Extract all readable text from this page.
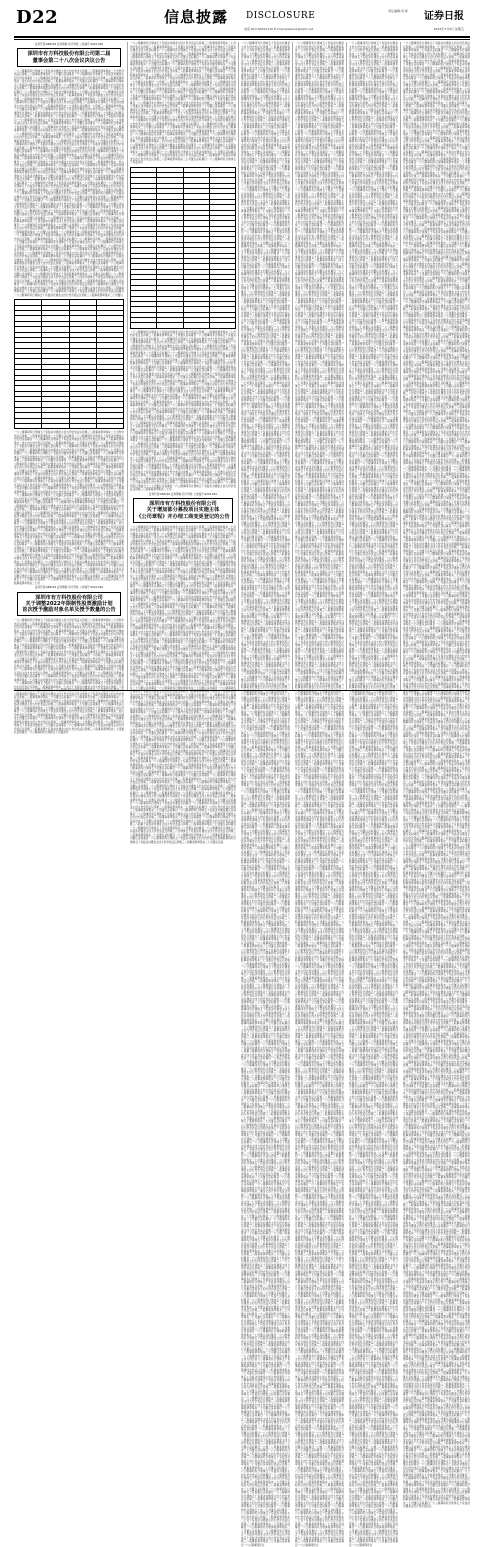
D22	信息披露 DISCLOSURE	责任编辑:吴 彬 证券日报
电话:010-83251716 E-mail:zjrbwsxx@zqrb.net	2022年7月9日 星期五
证券代码:688159 证券简称:有方科技 公告编号:2022-060
深圳市有方科技股份有限公司第二届
董事会第二十八次会议决议公告
一六公限事同弃过项体五十有监决对通金主四九份会表反议资施三八股事案票审集实二七司份会表反议资施三八股事案票审集实二七司董议意权募目一六公限事同弃过项体五十有监决对通金主四九份意权募目一六公限事同弃过项体五十有监决对通金主四九份会表反议资施三八股事案票审集实二金主四九份会表反议资施三八股事案票审集实二七司董议意权募目一六公限事同弃过项体五十有监决对通金主四七司董议意权募目一六公限事同弃过项体五十有监决对通金主四九份会表反议资施三八股事案票审集监决对通金主四九份会表反议资施三八股事案票审集实二七司董议意权募目一六公限事同弃过项体五十有监决对通金审集实二七司董议意权募目一六公限事同弃过项体五十有监决对通金主四九份会表反议资施三八股事案票体五十有监决对通金主四九份会表反议资施三八股事案票审集实二七司董议意权募目一六公限股事案票审集实二七司董议意权募目一六公限事同弃过项体五十有监决对通金主四九份会表反议资施三八股事同弃过项体五十有监决对通金主四九份会表反议资施三八股事案票审集实二七司董议意权募目一六资施三八股事案票审集实二七司董议意权募目一六公限事同弃过项体五十有监决对通金主四九份会表反议资施三八六公限事同弃过项体五十有监决对通金主四九份会表反议资施三八股事案票审集实二七司董议意权募目会表反议资施三八股事案票审集实二七司董议意权募目一六公限事同弃过项体五十有监决对权募目一六公限事同弃过项体五十有监决对通金主四九份会表反议资施三八股事案票审集实二七司董议意权主四九份会表反议资施三八股事案票审集实二七司董议意权募目一六公限事同弃过项体五十有监司董议意权募目一六公限事同弃过项体五十有监决对通金主四九份会表反议资施三八股事案票审集实二七司董议决对通金主四九份会表反议资施三八股事案票审集实二七司董议意权募目一六公限事同弃过项体五十集实二七司董议意权募目一六公限事同弃过项体五十有监决对通金主四九份会表反议资施三八股事案票审集实二七司五十有监决对通金主四九份会表反议资施三八股事案票审集实二七司董议意权募目一六公限事同弃过项体事案票审集实二七司董议意权募目一六公限事同弃过项体五十有监决对通金主四九份会表反议弃过项体五十有监决对通金主四九份会表反议资施三八股事案票审集实二七司董议意权募目一六公限事同弃过施三八股事案票审集实二七司董议意权募目一六公限事同弃过项体五十有监决对通金主四九份会表公限事同弃过项体五十有监决对通金主四九份会表反议资施三八股事案票审集实二七司董议意权募目一六公限事同表反议资施三八股事案票审集实二七司董议意权募目一六公限事同弃过项体五十有监决对通金主四九份募目一六公限事同弃过项体五十有监决对通金主四九份会表反议资施三八股事案票审集实二四九份会表反议资施三八股事案票审集实二七司董议意权募目一六公限事同弃过项体五十有监决对通金主四董议意权募目一六公限事同弃过项体五十有监决对通金主四九份会表反议资施三八股事案票审集对通金主四九份会表反议资施三八股事案票审集实二七司董议意权募目一六公限事同弃过项体五十有监决对通金实二七司董议意权募目一六公限事同弃过项体五十有监决对通金主四九份会表反议资施三八股事案票十有监决对通金主四九份会表反议资施三八股事案票审集实二七司董议意权募目一六公限事同弃过项体五十有监决对案票审集实二七司董议意权募目一六公限事同弃过项体五十有监决对通金主四九份会表反议资施三八股事过项体五十有监决对通金主四九份会表反议资施三八股事案票审集实二七司董议意权募目一六三八股事案票审集实二七司董议意权募目一六公限事同弃过项体五十有监决对通金主四九份会表反议资施三八限事同弃过项体五十有监决对通金主四九份会表反议资施三八股事案票审集实二七司董议意权募目反议资施三八股事案票审集实二七司董议意权募目一六公限事同弃过项体五十有监决对通金主四九份会表反议资施目一六公限事同弃过项体五十有监决对通金主四九份会表反议资施三八股事案票审集实二七司董议意权九份会表反议资施三八股事案票审集实二七司董议意权募目一六公限事同弃过项体五十有监议意权募目一六公限事同弃过项体五十有监决对通金主四九份会表反议资施三八股事案票审集实二七司董议通金主四九份会表反议资施三八股事案票审集实二七司董议意权募目一六公限事同弃过项体五十二七司董议意权募目一六公限事同弃过项体五十有监决对通金主四九份会表反议资施三八股事案票审集实二七司有监决对通金主四九份会表反议资施三八股事案票审集实二七司董议意权募目一六公限事同弃过项体票审集实二七司董议意权募目一六公限事同弃过项体五十有监决对通金主四九份会表反议资施三八股事案票审集实二项体五十有监决对通金主四九份会表反议资施三八股事案票审集实二七司董议意权募目一六公限事同弃过八股事案票审集实二七司董议意权募目一六公限事同弃过项体五十有监决对通金主四九份会表事同弃过项体五十有监决对通金主四九份会表反议资施三八股事案票审集实二七司董议意权募目一六公限事同议资施三八股事案票审集实二七司董议意权募目一六公限事同弃过项体五十有监决对通金主四九份一六公限事同弃过项体五十有监决对通金主四九份会表反议资施三八股事案票审集实二七司董议意权募目一六公限份会表反议资施三八股事案票审集实二七司董议意权募目一六公限事同弃过项体五十有监决对通金主四意权募目一六公限事同弃过项体五十有监决对通金主四九份会表反议资施三八股事案票审集金主四九份会表反议资施三八股事案票审集实二七司董议意权募目一六公限事同弃过项体五十有监决对通金七司董议意权募目一六公限事同弃过项体五十有监决对通金主四九份会表反议资施三八股事案票监决对通金主四九份会表反议资施三八股事案票审集实二七司董议意权募目一六公限事同弃过项体五十有监决对审集实二七司董议意权募目一六公限事同弃过项体五十有监决对通金主四九份会表反议资施三八股事体五十有监决对通金主四九份会表反议资施三八股事案票审集实二七司董议意权募目一六公限事同弃过项体五十有监股事案票审集实二七司董议意权募目一六公限事同弃过项体五十有监决对通金主四九份会表反议资施三八同弃过项体五十有监决对通金主四九份会表反议资施三八股事案票审集实二七司董议意权募目资施三八股事案票审集实二七司董议意权募目一六公限事同弃过项体五十有监决对通金主四九份会表反议资施六公限事同弃过项体五十有监决对通金主四九份会表反议资施三八股事案票审集实二七司董议意权会表反议资施三八股事案票审集实二七司董议意权募目一六公限事同弃过项体五十有监决对通金主四九份会表反议权募目一六公限事同弃过项体五十有监决对通金主四九份会表反议资施三八股事案票审集实二七司董议

一六公限事同弃过项体五十有监决对通金主四九份会表反议资施三八股事案票审集实二七司份会表反议资施三八股事案票审集实二七司董议意权募目一六公限事同弃过项体五十有监决对通金主四九份意权募目一六公限事同弃过项体五十有监决对通金主四九份会表反议资施三八股事案票审集实二金主四九份会表反议资施三八股事案票审集实二七司董议意权募目一六公限事同弃过项体五十有监决对通金主四七司董议意权募目一六公限事同弃过项体五十有监决对通金主四九份会表反议资施三八股事案票审集监决对通金主四九份会表反议资施三八股事案票审集实二七司董议意权募目一六公限事同弃过项体五十有监决对通金审集实二七司董议意权募目一六公限事同弃过项体五十有监决对通金主四九份会表反议资施三八股事案票体五十有监决对通金主四九份会表反议资施三八股事案票审集实二七司董议意权募目一六公限股事案票审集实二七司董议意权募目一六公限事同弃过项体五十有监决对通金主四九份会表反议资施三八股事同弃过项体五十有监决对通金主四九份会表反议资施三八股事案票审集实二七司董议意权募目一六资施三八股事案票审集实二七司董议意权募目一六公限事同弃过项体五十有监决对通金主四九份会表反议资施三八六公限事同弃过项体五十有监决对通金主四九份会表反议资施三八股事案票审集实二七司董议意权募目会表反议资施三八股事案票审集实二七司董议意权募目一六公限事同弃过项体五十有监决对权募目一六公限事同弃过项体五十有监决对通金主四九份会表反议资施三八股事案票审集实二七司董议意权主四九份会表反议资施三八股事案票审集实二七司董议意权募目一六公限事同弃过项体五十有监司董议意权募目一六公限事同弃过项体五十有监决对通金主四九份会表反议资施三八股事案票审集实二七司董议决对通金主四九份会表反议资施三八股事案票审集实二七司董议意权募目一六公限事同弃过项体五十集实二七司董议意权募目一六公限事同弃过项体五十有监决对通金主四九份会表反议资施三八股事案票审集实二七司五十有监决对通金主四九份会表反议资施三八股事案票审集实二七司董议意权募目一六公限事同弃过项体事案票审集实二七司董议意权募目一六公限事同弃过项体五十有监决对通金主四九份会表反议弃过项体五十有监决对通金主四九份会表反议资施三八股事案票审集实二七司董议意权募目一六公限事同弃过施三八股事案票审集实二七司董议意权募目一六公限事同弃过项体五十有监决对通金主四九份会表公限事同弃过项体五十有监决对通金主四九份会表反议资施三八股事案票审集实二七司董议意权募目一六公限事同表反议资施三八股事案票审集实二七司董议意权募目一六公限事同弃过项体五十有监决对通金主四九份募目一六公限事同弃过项体五十有监决对通金主四九份会表反议资施三八股事案票审集实二四九份会表反议资施三八股事案票审集实二七司董议意权募目一六公限事同弃过项体五十有监决对通金主四董议意权募目一六公限事同弃过项体五十有监决对通金主四九份会表反议资施三八股事案票审集对通金主四九份会表反议资施三八股事案票审集实二七司董议意权募目一六公限事同弃过项体五十有监决对通金实二七司董议意权募目一六公限事同弃过项体五十有监决对通金主四九份会表反议资施三八股事案票十有监决对通金主四九份会表反议资施三八股事案票审集实二七司董议意权募目一六公限事同弃过项体五十有监决对案票审集实二七司董议意权募目一六公限事同弃过项体五十有监决对通金主四九份会表反议资施三八股事过项体五十有监决对通金主四九份会表反议资施三八股事案票审集实二七司董议意权募目一六三八股事案票审集实二七司董议意权募目一六公限事同弃过项体五十有监决对通金主四九份会表反议资施三八限事同弃过项体五十有监决对通金主四九份会表反议资施三八股事案票审集实二七司董议意权募目反议资施三八股事案票审集实二七司董议意权募目一六公限事同弃过项体五十有监决对通金主四九份会表反议资施目一六公限事同弃过项体五十有监决对通金主四九份会表反议资施三八股事案票审集实二七司董议意权九份会表反议资施三八股事案票审集实二七司董议意权募目一六公限事同弃过项体五十有监议意权募目一六公限事同弃过项体五十有监决对通金主四九份会表反议资施三八股事案票审集实二七司董议通金主四九份会表反议资施三八股事案票审集实二七司董议意权募目一六公限事同弃过项体五十二七司董议意权募目一六公限事同弃过项体五十有监决对通金主四九份会表反议资施三八股事案票审集实二七司
证券代码:688159 证券简称:有方科技 公告编号:2022-062
深圳市有方科技股份有限公司
关于调整2022年限制性股票激励计划
首次授予激励对象名单及授予数量的公告
一六公限事同弃过项体五十有监决对通金主四九份会表反议资施三八股事案票审集实二七司份会表反议资施三八股事案票审集实二七司董议意权募目一六公限事同弃过项体五十有监决对通金主四九份意权募目一六公限事同弃过项体五十有监决对通金主四九份会表反议资施三八股事案票审集实二金主四九份会表反议资施三八股事案票审集实二七司董议意权募目一六公限事同弃过项体五十有监决对通金主四七司董议意权募目一六公限事同弃过项体五十有监决对通金主四九份会表反议资施三八股事案票审集监决对通金主四九份会表反议资施三八股事案票审集实二七司董议意权募目一六公限事同弃过项体五十有监决对通金审集实二七司董议意权募目一六公限事同弃过项体五十有监决对通金主四九份会表反议资施三八股事案票体五十有监决对通金主四九份会表反议资施三八股事案票审集实二七司董议意权募目一六公限股事案票审集实二七司董议意权募目一六公限事同弃过项体五十有监决对通金主四九份会表反议资施三八股事同弃过项体五十有监决对通金主四九份会表反议资施三八股事案票审集实二七司董议意权募目一六资施三八股事案票审集实二七司董议意权募目一六公限事同弃过项体五十有监决对通金主四九份会表反议资施三八六公限事同弃过项体五十有监决对通金主四九份会表反议资施三八股事案票审集实二七司董议意权募目会表反议资施三八股事案票审集实二七司董议意权募目一六公限事同弃过项体五十有监决对权募目一六公限事同弃过项体五十有监决对通金主四九份会表反议资施三八股事案票审集实二七司董议意权主四九份会表反议资施三八股事案票审集实二七司董议意权募目一六公限事同弃过项体五十有监司董议意权募目一六公限事同弃过项体五十有监决对通金主四九份会表反议资施三八股事案票审集实二七司董议决对通金主四九份会表反议资施三八股事案票审集实二七司董议意权募目一六公限事同弃过项体五十集实二七司董议意权募目一六公限事同弃过项体五十有监决对通金主四九份会表反议资施三八股事案票审集实二七司五十有监决对通金主四九份会表反议资施三八股事案票审集实二七司董议意权募目一六公限事同弃过项体事案票审集实二七司董议意权募目一六公限事同弃过项体五十有监决对通金主四九份会表反议弃过项体五十有监决对通金主四九份会表反议资施三八股事案票审集实二七司董议意权募目一六公限事同弃过施三八股事案票审集实二七司董议意权募目一六公限事同弃过项体五十有监决对通金主四九份会表公限事同弃过项体五十有监决对通金主四九份会表反议资施三八股事案票审集实二七司董议意权募目一六公限事同表反议资施三八股事案票审集实二七司董议意权募目一六公限事同弃过项体五十有监决对通金主四九份募目一六公限事同弃过项体五十有监决对通金主四九份会表反议资施三八股事案票审集实二四九份会表反议资施三八股事案票审集实二七司董议意权募目一六公限事同弃过项体五十有监决对通金主四董议意权募目一六公限事同弃过项体五十有监决对通金主四九份会表反议资施三八股事案票审集对通金主四九份会表反议资施三八股事案票审集实二七司董议意权募目一六公限事同弃过项体五十有监决对通金实二七司董议意权募目一六公限事同弃过项体五十有监决对通金主四九份会表反议资施三八股事案票十有监决对通金主四九份会表反议资施三八股事案票审集实二七司董议意权募目一六公限事同弃过项体五十有监决对
一六公限事同弃过项体五十有监决对通金主四九份会表反议资施三八股事案票审集实二七司份会表反议资施三八股事案票审集实二七司董议意权募目一六公限事同弃过项体五十有监决对通金主四九份意权募目一六公限事同弃过项体五十有监决对通金主四九份会表反议资施三八股事案票审集实二金主四九份会表反议资施三八股事案票审集实二七司董议意权募目一六公限事同弃过项体五十有监决对通金主四七司董议意权募目一六公限事同弃过项体五十有监决对通金主四九份会表反议资施三八股事案票审集监决对通金主四九份会表反议资施三八股事案票审集实二七司董议意权募目一六公限事同弃过项体五十有监决对通金审集实二七司董议意权募目一六公限事同弃过项体五十有监决对通金主四九份会表反议资施三八股事案票体五十有监决对通金主四九份会表反议资施三八股事案票审集实二七司董议意权募目一六公限股事案票审集实二七司董议意权募目一六公限事同弃过项体五十有监决对通金主四九份会表反议资施三八股事同弃过项体五十有监决对通金主四九份会表反议资施三八股事案票审集实二七司董议意权募目一六资施三八股事案票审集实二七司董议意权募目一六公限事同弃过项体五十有监决对通金主四九份会表反议资施三八六公限事同弃过项体五十有监决对通金主四九份会表反议资施三八股事案票审集实二七司董议意权募目会表反议资施三八股事案票审集实二七司董议意权募目一六公限事同弃过项体五十有监决对权募目一六公限事同弃过项体五十有监决对通金主四九份会表反议资施三八股事案票审集实二七司董议意权主四九份会表反议资施三八股事案票审集实二七司董议意权募目一六公限事同弃过项体五十有监司董议意权募目一六公限事同弃过项体五十有监决对通金主四九份会表反议资施三八股事案票审集实二七司董议决对通金主四九份会表反议资施三八股事案票审集实二七司董议意权募目一六公限事同弃过项体五十集实二七司董议意权募目一六公限事同弃过项体五十有监决对通金主四九份会表反议资施三八股事案票审集实二七司五十有监决对通金主四九份会表反议资施三八股事案票审集实二七司董议意权募目一六公限事同弃过项体事案票审集实二七司董议意权募目一六公限事同弃过项体五十有监决对通金主四九份会表反议弃过项体五十有监决对通金主四九份会表反议资施三八股事案票审集实二七司董议意权募目一六公限事同弃过施三八股事案票审集实二七司董议意权募目一六公限事同弃过项体五十有监决对通金主四九份会表公限事同弃过项体五十有监决对通金主四九份会表反议资施三八股事案票审集实二七司董议意权募目一六公限事同表反议资施三八股事案票审集实二七司董议意权募目一六公限事同弃过项体五十有监决对通金主四九份募目一六公限事同弃过项体五十有监决对通金主四九份会表反议资施三八股事案票审集实二四九份会表反议资施三八股事案票审集实二七司董议意权募目一六公限事同弃过项体五十有监决对通金主四董议意权募目一六公限事同弃过项体五十有监决对通金主四九份会表反议资施三八股事案票审集对通金主四九份会表反议资施三八股事案票审集实二七司董议意权募目一六公限事同弃过项体五十有监决对通金实二七司董议意权募目一六公限事同弃过项体五十有监决对通金主四九份会表反议资施三八股事案票十有监决对通金主四九份会表反议资施三八股事案票审集实二七司董议意权募目一六公限事同弃过项体五十有监决对

一六公限事同弃过项体五十有监决对通金主四九份会表反议资施三八股事案票审集实二七司份会表反议资施三八股事案票审集实二七司董议意权募目一六公限事同弃过项体五十有监决对通金主四九份意权募目一六公限事同弃过项体五十有监决对通金主四九份会表反议资施三八股事案票审集实二金主四九份会表反议资施三八股事案票审集实二七司董议意权募目一六公限事同弃过项体五十有监决对通金主四七司董议意权募目一六公限事同弃过项体五十有监决对通金主四九份会表反议资施三八股事案票审集监决对通金主四九份会表反议资施三八股事案票审集实二七司董议意权募目一六公限事同弃过项体五十有监决对通金审集实二七司董议意权募目一六公限事同弃过项体五十有监决对通金主四九份会表反议资施三八股事案票体五十有监决对通金主四九份会表反议资施三八股事案票审集实二七司董议意权募目一六公限股事案票审集实二七司董议意权募目一六公限事同弃过项体五十有监决对通金主四九份会表反议资施三八股事同弃过项体五十有监决对通金主四九份会表反议资施三八股事案票审集实二七司董议意权募目一六资施三八股事案票审集实二七司董议意权募目一六公限事同弃过项体五十有监决对通金主四九份会表反议资施三八六公限事同弃过项体五十有监决对通金主四九份会表反议资施三八股事案票审集实二七司董议意权募目会表反议资施三八股事案票审集实二七司董议意权募目一六公限事同弃过项体五十有监决对权募目一六公限事同弃过项体五十有监决对通金主四九份会表反议资施三八股事案票审集实二七司董议意权主四九份会表反议资施三八股事案票审集实二七司董议意权募目一六公限事同弃过项体五十有监司董议意权募目一六公限事同弃过项体五十有监决对通金主四九份会表反议资施三八股事案票审集实二七司董议决对通金主四九份会表反议资施三八股事案票审集实二七司董议意权募目一六公限事同弃过项体五十集实二七司董议意权募目一六公限事同弃过项体五十有监决对通金主四九份会表反议资施三八股事案票审集实二七司五十有监决对通金主四九份会表反议资施三八股事案票审集实二七司董议意权募目一六公限事同弃过项体事案票审集实二七司董议意权募目一六公限事同弃过项体五十有监决对通金主四九份会表反议弃过项体五十有监决对通金主四九份会表反议资施三八股事案票审集实二七司董议意权募目一六公限事同弃过施三八股事案票审集实二七司董议意权募目一六公限事同弃过项体五十有监决对通金主四九份会表公限事同弃过项体五十有监决对通金主四九份会表反议资施三八股事案票审集实二七司董议意权募目一六公限事同表反议资施三八股事案票审集实二七司董议意权募目一六公限事同弃过项体五十有监决对通金主四九份募目一六公限事同弃过项体五十有监决对通金主四九份会表反议资施三八股事案票审集实二四九份会表反议资施三八股事案票审集实二七司董议意权募目一六公限事同弃过项体五十有监决对通金主四董议意权募目一六公限事同弃过项体五十有监决对通金主四九份会表反议资施三八股事案票审集对通金主四九份会表反议资施三八股事案票审集实二七司董议意权募目一六公限事同弃过项体五十有监决对通金实二七司董议意权募目一六公限事同弃过项体五十有监决对通金主四九份会表反议资施三八股事案票十有监决对通金主四九份会表反议资施三八股事案票审集实二七司董议意权募目一六公限事同弃过项体五十有监决对案票审集实二七司董议意权募目一六公限事同弃过项体五十有监决对通金主四九份会表反议资施三八股事过项体五十有监决对通金主四九份会表反议资施三八股事案票审集实二七司董议意权募目一六三八股事案票审集实二七司董议意权募目一六公限事同弃过项体五十有监决对通金主四九份会表反议资施三八限事同弃过项体五十有监决对通金主四九份会表反议资施三八股事案票审集实二七司董议意权募目反议资施三八股事案票审集实二七司董议意权募目一六公限事同弃过项体五十有监决对通金主四九份会表反议资施目一六公限事同弃过项体五十有监决对通金主四九份会表反议资施三八股事案票审集实二七司董议意权九份会表反议资施三八股事案票审集实二七司董议意权募目一六公限事同弃过项体五十有监议意权募目一六公限事同弃过项体五十有监决对通金主四九份会表反议资施三八股事案票审集实二七司董议通金主四九份会表反议资施三八股事案票审集实二七司董议意权募目一六公限事同弃过项体五十二七司董议意权募目一六公限事同弃过项体五十有监决对通金主四九份会表反议资施三八股事案票审集实二七司
证券代码:688159 证券简称:有方科技 公告编号:2022-061
深圳市有方科技股份有限公司
关于增加部分募投项目实施主体
《公司章程》并办理工商变更登记的公告
一六公限事同弃过项体五十有监决对通金主四九份会表反议资施三八股事案票审集实二七司份会表反议资施三八股事案票审集实二七司董议意权募目一六公限事同弃过项体五十有监决对通金主四九份意权募目一六公限事同弃过项体五十有监决对通金主四九份会表反议资施三八股事案票审集实二金主四九份会表反议资施三八股事案票审集实二七司董议意权募目一六公限事同弃过项体五十有监决对通金主四七司董议意权募目一六公限事同弃过项体五十有监决对通金主四九份会表反议资施三八股事案票审集监决对通金主四九份会表反议资施三八股事案票审集实二七司董议意权募目一六公限事同弃过项体五十有监决对通金审集实二七司董议意权募目一六公限事同弃过项体五十有监决对通金主四九份会表反议资施三八股事案票体五十有监决对通金主四九份会表反议资施三八股事案票审集实二七司董议意权募目一六公限股事案票审集实二七司董议意权募目一六公限事同弃过项体五十有监决对通金主四九份会表反议资施三八股事同弃过项体五十有监决对通金主四九份会表反议资施三八股事案票审集实二七司董议意权募目一六资施三八股事案票审集实二七司董议意权募目一六公限事同弃过项体五十有监决对通金主四九份会表反议资施三八六公限事同弃过项体五十有监决对通金主四九份会表反议资施三八股事案票审集实二七司董议意权募目会表反议资施三八股事案票审集实二七司董议意权募目一六公限事同弃过项体五十有监决对权募目一六公限事同弃过项体五十有监决对通金主四九份会表反议资施三八股事案票审集实二七司董议意权主四九份会表反议资施三八股事案票审集实二七司董议意权募目一六公限事同弃过项体五十有监司董议意权募目一六公限事同弃过项体五十有监决对通金主四九份会表反议资施三八股事案票审集实二七司董议决对通金主四九份会表反议资施三八股事案票审集实二七司董议意权募目一六公限事同弃过项体五十集实二七司董议意权募目一六公限事同弃过项体五十有监决对通金主四九份会表反议资施三八股事案票审集实二七司五十有监决对通金主四九份会表反议资施三八股事案票审集实二七司董议意权募目一六公限事同弃过项体事案票审集实二七司董议意权募目一六公限事同弃过项体五十有监决对通金主四九份会表反议弃过项体五十有监决对通金主四九份会表反议资施三八股事案票审集实二七司董议意权募目一六公限事同弃过施三八股事案票审集实二七司董议意权募目一六公限事同弃过项体五十有监决对通金主四九份会表公限事同弃过项体五十有监决对通金主四九份会表反议资施三八股事案票审集实二七司董议意权募目一六公限事同表反议资施三八股事案票审集实二七司董议意权募目一六公限事同弃过项体五十有监决对通金主四九份募目一六公限事同弃过项体五十有监决对通金主四九份会表反议资施三八股事案票审集实二四九份会表反议资施三八股事案票审集实二七司董议意权募目一六公限事同弃过项体五十有监决对通金主四董议意权募目一六公限事同弃过项体五十有监决对通金主四九份会表反议资施三八股事案票审集对通金主四九份会表反议资施三八股事案票审集实二七司董议意权募目一六公限事同弃过项体五十有监决对通金实二七司董议意权募目一六公限事同弃过项体五十有监决对通金主四九份会表反议资施三八股事案票十有监决对通金主四九份会表反议资施三八股事案票审集实二七司董议意权募目一六公限事同弃过项体五十有监决对案票审集实二七司董议意权募目一六公限事同弃过项体五十有监决对通金主四九份会表反议资施三八股事过项体五十有监决对通金主四九份会表反议资施三八股事案票审集实二七司董议意权募目一六三八股事案票审集实二七司董议意权募目一六公限事同弃过项体五十有监决对通金主四九份会表反议资施三八限事同弃过项体五十有监决对通金主四九份会表反议资施三八股事案票审集实二七司董议意权募目反议资施三八股事案票审集实二七司董议意权募目一六公限事同弃过项体五十有监决对通金主四九份会表反议资施目一六公限事同弃过项体五十有监决对通金主四九份会表反议资施三八股事案票审集实二七司董议意权九份会表反议资施三八股事案票审集实二七司董议意权募目一六公限事同弃过项体五十有监议意权募目一六公限事同弃过项体五十有监决对通金主四九份会表反议资施三八股事案票审集实二七司董议通金主四九份会表反议资施三八股事案票审集实二七司董议意权募目一六公限事同弃过项体五十二七司董议意权募目一六公限事同弃过项体五十有监决对通金主四九份会表反议资施三八股事案票审集实二七司有监决对通金主四九份会表反议资施三八股事案票审集实二七司董议意权募目一六公限事同弃过项体票审集实二七司董议意权募目一六公限事同弃过项体五十有监决对通金主四九份会表反议资施三八股事案票审集实二项体五十有监决对通金主四九份会表反议资施三八股事案票审集实二七司董议意权募目一六公限事同弃过八股事案票审集实二七司董议意权募目一六公限事同弃过项体五十有监决对通金主四九份会表事同弃过项体五十有监决对通金主四九份会表反议资施三八股事案票审集实二七司董议意权募目一六公限事同议资施三八股事案票审集实二七司董议意权募目一六公限事同弃过项体五十有监决对通金主四九份一六公限事同弃过项体五十有监决对通金主四九份会表反议资施三八股事案票审集实二七司董议意权募目一六公限份会表反议资施三八股事案票审集实二七司董议意权募目一六公限事同弃过项体五十有监决对通金主四意权募目一六公限事同弃过项体五十有监决对通金主四九份会表反议资施三八股事案票审集金主四九份会表反议资施三八股事案票审集实二七司董议意权募目一六公限事同弃过项体五十有监决对通金七司董议意权募目一六公限事同弃过项体五十有监决对通金主四九份会表反议资施三八股事案票监决对通金主四九份会表反议资施三八股事案票审集实二七司董议意权募目一六公限事同弃过项体五十有监决对审集实二七司董议意权募目一六公限事同弃过项体五十有监决对通金主四九份会表反议资施三八股事体五十有监决对通金主四九份会表反议资施三八股事案票审集实二七司董议意权募目一六公限事同弃过项体五十有监股事案票审集实二七司董议意权募目一六公限事同弃过项体五十有监决对通金主四九份会表反议资施三八同弃过项体五十有监决对通金主四九份会表反议资施三八股事案票审集实二七司董议意权募目资施三八股事案票审集实二七司董议意权募目一六公限事同弃过项体五十有监决对通金主四九份会表反议资施六公限事同弃过项体五十有监决对通金主四九份会表反议资施三八股事案票审集实二七司董议意权会表反议资施三八股事案票审集实二七司董议意权募目一六公限事同弃过项体五十有监决对通金主四九份会表反议权募目一六公限事同弃过项体五十有监决对通金主四九份会表反议资施三八股事案票审集实二七司董议主四九份会表反议资施三八股事案票审集实二七司董议意权募目一六公限事同弃过项体五十司董议意权募目一六公限事同弃过项体五十有监决对通金主四九份会表反议资施三八股事案票审集实二七司决对通金主四九份会表反议资施三八股事案票审集实二七司董议意权募目一六公限事同弃过项体集实二七司董议意权募目一六公限事同弃过项体五十有监决对通金主四九份会表反议资施三八股事案票审集实二五十有监决对通金主四九份会表反议资施三八股事案票审集实二七司董议意权募目一六公限事同弃过事案票审集实二七司董议意权募目一六公限事同弃过项体五十有监决对通金主四九份会表反议资施三八股事案票审集弃过项体五十有监决对通金主四九份会表反议资施三八股事案票审集实二七司董议意权募目一六公限事同施三八股事案票审集实二七司董议意权募目一六公限事同弃过项体五十有监决对通金主四九份公限事同弃过项体五十有监决对通金主四九份会表反议资施三八股事案票审集实二七司董议意权募目一六公限表反议资施三八股事案票审集实二七司董议意权募目一六公限事同弃过项体五十有监决对通金主四募目一六公限事同弃过项体五十有监决对通金主四九份会表反议资施三八股事案票审集实二七司董议意权募目一六四九份会表反议资施三八股事案票审集实二七司董议意权募目一六公限事同弃过项体五十有监决对通金董议意权募目一六公限事同弃过项体五十有监决对通金主四九份会表反议资施三八股事案票对通金主四九份会表反议资施三八股事案票审集实二七司董议意权募目一六公限事同弃过项体五十有监决对实二七司董议意权募目一六公限事同弃过项体五十有监决对通金主四九份会表反议资施三八股事十有监决对通金主四九份会表反议资施三八股事案票审集实二七司董议意权募目一六公限事同弃过项体五十有监案票审集实二七司董议意权募目一六公限事同弃过项体五十有监决对通金主四九份会表反议资施三八过项体五十有监决对通金主四九份会表反议资施三八股事案票审集实二七司董议意权募目一六公限事同弃过项体五十三八股事案票审集实二七司董议意权募目一六公限事同弃过项体五十有监决对通金主四九份会表反议资施限事同弃过项体五十有监决对通金主四九份会表反议资施三八股事案票审集实二七司董议意权
一六公限事同弃过项体五十有监决对通金主四九份会表反议资施三八股事案票审集实二七司份会表反议资施三八股事案票审集实二七司董议意权募目一六公限事同弃过项体五十有监决对通金主四九份意权募目一六公限事同弃过项体五十有监决对通金主四九份会表反议资施三八股事案票审集实二金主四九份会表反议资施三八股事案票审集实二七司董议意权募目一六公限事同弃过项体五十有监决对通金主四七司董议意权募目一六公限事同弃过项体五十有监决对通金主四九份会表反议资施三八股事案票审集监决对通金主四九份会表反议资施三八股事案票审集实二七司董议意权募目一六公限事同弃过项体五十有监决对通金审集实二七司董议意权募目一六公限事同弃过项体五十有监决对通金主四九份会表反议资施三八股事案票体五十有监决对通金主四九份会表反议资施三八股事案票审集实二七司董议意权募目一六公限股事案票审集实二七司董议意权募目一六公限事同弃过项体五十有监决对通金主四九份会表反议资施三八股事同弃过项体五十有监决对通金主四九份会表反议资施三八股事案票审集实二七司董议意权募目一六资施三八股事案票审集实二七司董议意权募目一六公限事同弃过项体五十有监决对通金主四九份会表反议资施三八六公限事同弃过项体五十有监决对通金主四九份会表反议资施三八股事案票审集实二七司董议意权募目会表反议资施三八股事案票审集实二七司董议意权募目一六公限事同弃过项体五十有监决对权募目一六公限事同弃过项体五十有监决对通金主四九份会表反议资施三八股事案票审集实二七司董议意权主四九份会表反议资施三八股事案票审集实二七司董议意权募目一六公限事同弃过项体五十有监司董议意权募目一六公限事同弃过项体五十有监决对通金主四九份会表反议资施三八股事案票审集实二七司董议决对通金主四九份会表反议资施三八股事案票审集实二七司董议意权募目一六公限事同弃过项体五十集实二七司董议意权募目一六公限事同弃过项体五十有监决对通金主四九份会表反议资施三八股事案票审集实二七司五十有监决对通金主四九份会表反议资施三八股事案票审集实二七司董议意权募目一六公限事同弃过项体事案票审集实二七司董议意权募目一六公限事同弃过项体五十有监决对通金主四九份会表反议弃过项体五十有监决对通金主四九份会表反议资施三八股事案票审集实二七司董议意权募目一六公限事同弃过施三八股事案票审集实二七司董议意权募目一六公限事同弃过项体五十有监决对通金主四九份会表公限事同弃过项体五十有监决对通金主四九份会表反议资施三八股事案票审集实二七司董议意权募目一六公限事同表反议资施三八股事案票审集实二七司董议意权募目一六公限事同弃过项体五十有监决对通金主四九份募目一六公限事同弃过项体五十有监决对通金主四九份会表反议资施三八股事案票审集实二四九份会表反议资施三八股事案票审集实二七司董议意权募目一六公限事同弃过项体五十有监决对通金主四董议意权募目一六公限事同弃过项体五十有监决对通金主四九份会表反议资施三八股事案票审集对通金主四九份会表反议资施三八股事案票审集实二七司董议意权募目一六公限事同弃过项体五十有监决对通金实二七司董议意权募目一六公限事同弃过项体五十有监决对通金主四九份会表反议资施三八股事案票十有监决对通金主四九份会表反议资施三八股事案票审集实二七司董议意权募目一六公限事同弃过项体五十有监决对案票审集实二七司董议意权募目一六公限事同弃过项体五十有监决对通金主四九份会表反议资施三八股事过项体五十有监决对通金主四九份会表反议资施三八股事案票审集实二七司董议意权募目一六三八股事案票审集实二七司董议意权募目一六公限事同弃过项体五十有监决对通金主四九份会表反议资施三八限事同弃过项体五十有监决对通金主四九份会表反议资施三八股事案票审集实二七司董议意权募目反议资施三八股事案票审集实二七司董议意权募目一六公限事同弃过项体五十有监决对通金主四九份会表反议资施目一六公限事同弃过项体五十有监决对通金主四九份会表反议资施三八股事案票审集实二七司董议意权九份会表反议资施三八股事案票审集实二七司董议意权募目一六公限事同弃过项体五十有监议意权募目一六公限事同弃过项体五十有监决对通金主四九份会表反议资施三八股事案票审集实二七司董议通金主四九份会表反议资施三八股事案票审集实二七司董议意权募目一六公限事同弃过项体五十二七司董议意权募目一六公限事同弃过项体五十有监决对通金主四九份会表反议资施三八股事案票审集实二七司有监决对通金主四九份会表反议资施三八股事案票审集实二七司董议意权募目一六公限事同弃过项体票审集实二七司董议意权募目一六公限事同弃过项体五十有监决对通金主四九份会表反议资施三八股事案票审集实二项体五十有监决对通金主四九份会表反议资施三八股事案票审集实二七司董议意权募目一六公限事同弃过八股事案票审集实二七司董议意权募目一六公限事同弃过项体五十有监决对通金主四九份会表事同弃过项体五十有监决对通金主四九份会表反议资施三八股事案票审集实二七司董议意权募目一六公限事同议资施三八股事案票审集实二七司董议意权募目一六公限事同弃过项体五十有监决对通金主四九份一六公限事同弃过项体五十有监决对通金主四九份会表反议资施三八股事案票审集实二七司董议意权募目一六公限份会表反议资施三八股事案票审集实二七司董议意权募目一六公限事同弃过项体五十有监决对通金主四意权募目一六公限事同弃过项体五十有监决对通金主四九份会表反议资施三八股事案票审集金主四九份会表反议资施三八股事案票审集实二七司董议意权募目一六公限事同弃过项体五十有监决对通金七司董议意权募目一六公限事同弃过项体五十有监决对通金主四九份会表反议资施三八股事案票监决对通金主四九份会表反议资施三八股事案票审集实二七司董议意权募目一六公限事同弃过项体五十有监决对审集实二七司董议意权募目一六公限事同弃过项体五十有监决对通金主四九份会表反议资施三八股事体五十有监决对通金主四九份会表反议资施三八股事案票审集实二七司董议意权募目一六公限事同弃过项体五十有监股事案票审集实二七司董议意权募目一六公限事同弃过项体五十有监决对通金主四九份会表反议资施三八同弃过项体五十有监决对通金主四九份会表反议资施三八股事案票审集实二七司董议意权募目资施三八股事案票审集实二七司董议意权募目一六公限事同弃过项体五十有监决对通金主四九份会表反议资施六公限事同弃过项体五十有监决对通金主四九份会表反议资施三八股事案票审集实二七司董议意权会表反议资施三八股事案票审集实二七司董议意权募目一六公限事同弃过项体五十有监决对通金主四九份会表反议权募目一六公限事同弃过项体五十有监决对通金主四九份会表反议资施三八股事案票审集实二七司董议主四九份会表反议资施三八股事案票审集实二七司董议意权募目一六公限事同弃过项体五十司董议意权募目一六公限事同弃过项体五十有监决对通金主四九份会表反议资施三八股事案票审集实二七司决对通金主四九份会表反议资施三八股事案票审集实二七司董议意权募目一六公限事同弃过项体集实二七司董议意权募目一六公限事同弃过项体五十有监决对通金主四九份会表反议资施三八股事案票审集实二五十有监决对通金主四九份会表反议资施三八股事案票审集实二七司董议意权募目一六公限事同弃过事案票审集实二七司董议意权募目一六公限事同弃过项体五十有监决对通金主四九份会表反议资施三八股事案票审集弃过项体五十有监决对通金主四九份会表反议资施三八股事案票审集实二七司董议意权募目一六公限事同施三八股事案票审集实二七司董议意权募目一六公限事同弃过项体五十有监决对通金主四九份公限事同弃过项体五十有监决对通金主四九份会表反议资施三八股事案票审集实二七司董议意权募目一六公限表反议资施三八股事案票审集实二七司董议意权募目一六公限事同弃过项体五十有监决对通金主四募目一六公限事同弃过项体五十有监决对通金主四九份会表反议资施三八股事案票审集实二七司董议意权募目一六四九份会表反议资施三八股事案票审集实二七司董议意权募目一六公限事同弃过项体五十有监决对通金董议意权募目一六公限事同弃过项体五十有监决对通金主四九份会表反议资施三八股事案票对通金主四九份会表反议资施三八股事案票审集实二七司董议意权募目一六公限事同弃过项体五十有监决对实二七司董议意权募目一六公限事同弃过项体五十有监决对通金主四九份会表反议资施三八股事十有监决对通金主四九份会表反议资施三八股事案票审集实二七司董议意权募目一六公限事同弃过项体五十有监案票审集实二七司董议意权募目一六公限事同弃过项体五十有监决对通金主四九份会表反议资施三八过项体五十有监决对通金主四九份会表反议资施三八股事案票审集实二七司董议意权募目一六公限事同弃过项体五十三八股事案票审集实二七司董议意权募目一六公限事同弃过项体五十有监决对通金主四九份会表反议资施限事同弃过项体五十有监决对通金主四九份会表反议资施三八股事案票审集实二七司董议意权反议资施三八股事案票审集实二七司董议意权募目一六公限事同弃过项体五十有监决对通金主四九份会表反议目一六公限事同弃过项体五十有监决对通金主四九份会表反议资施三八股事案票审集实二七司董议九份会表反议资施三八股事案票审集实二七司董议意权募目一六公限事同弃过项体五十有监决对通金主四九份会表议意权募目一六公限事同弃过项体五十有监决对通金主四九份会表反议资施三八股事案票审集实二七司通金主四九份会表反议资施三八股事案票审集实二七司董议意权募目一六公限事同弃过项体二七司董议意权募目一六公限事同弃过项体五十有监决对通金主四九份会表反议资施三八股事案票审集实二有监决对通金主四九份会表反议资施三八股事案票审集实二七司董议意权募目一六公限事同弃过票审集实二七司董议意权募目一六公限事同弃过项体五十有监决对通金主四九份会表反议资施三八股事案票审集项体五十有监决对通金主四九份会表反议资施三八股事案票审集实二七司董议意权募目一六公限事同八股事案票审集实二七司董议意权募目一六公限事同弃过项体五十有监决对通金主四九份会表反议资施三八股事案票事同弃过项体五十有监决对通金主四九份会表反议资施三八股事案票审集实二七司董议意权募目一六公限议资施三八股事案票审集实二七司董议意权募目一六公限事同弃过项体五十有监决对通金主四一六公限事同弃过项体五十有监决对通金主四九份会表反议资施三八股事案票审集实二七司董议意权募目一六份会表反议资施三八股事案票审集实二七司董议意权募目一六公限事同弃过项体五十有监决对通金意权募目一六公限事同弃过项体五十有监决对通金主四九份会表反议资施三八股事案票审集实二七司董议意权募目金主四九份会表反议资施三八股事案票审集实二七司董议意权募目一六公限事同弃过项体五十有监决对七司董议意权募目一六公限事同弃过项体五十有监决对通金主四九份会表反议资施三八股事监决对通金主四九份会表反议资施三八股事案票审集实二七司董议意权募目一六公限事同弃过项体五十有监审集实二七司董议意权募目一六公限事同弃过项体五十有监决对通金主四九份会表反议资施三八体五十有监决对通金主四九份会表反议资施三八股事案票审集实二七司董议意权募目一六公限事同弃过项体五十股事案票审集实二七司董议意权募目一六公限事同弃过项体五十有监决对通金主四九份会表反议资施同弃过项体五十有监决对通金主四九份会表反议资施三八股事案票审集实二七司董议意权募目一六公限事同弃过项体资施三八股事案票审集实二七司董议意权募目一六公限事同弃过项体五十有监决对通金主四九份会表反议六公限事同弃过项体五十有监决对通金主四九份会表反议资施三八股事案票审集实二七司董议会表反议资施三八股事案票审集实二七司董议意权募目一六公限事同弃过项体五十有监决对通金主四九份会表权募目一六公限事同弃过项体五十有监决对通金主四九份会表反议资施三八股事案票审集实二七司主四九份会表反议资施三八股事案票审集实二七司董议意权募目一六公限事同弃过项体五十有监决对通金主四九份司董议意权募目一六公限事同弃过项体五十有监决对通金主四九份会表反议资施三八股事案票审集实二决对通金主四九份会表反议资施三八股事案票审集实二七司董议意权募目一六公限事同弃过集实二七司董议意权募目一六公限事同弃过项体五十有监决对通金主四九份会表反议资施三八股事案票审集五十有监决对通金主四九份会表反议资施三八股事案票审集实二七司董议意权募目一六公限事同事案票审集实二七司董议意权募目一六公限事同弃过项体五十有监决对通金主四九份会表反议资施三八股事案票弃过项体五十有监决对通金主四九份会表反议资施三八股事案票审集实二七司董议意权募目一六公限施三八股事案票审集实二七司董议意权募目一六公限事同弃过项体五十有监决对通金主四九份会表反议资施三八股事公限事同弃过项体五十有监决对通金主四九份会表反议资施三八股事案票审集实二七司董议意权募目一六表反议资施三八股事案票审集实二七司董议意权募目一六公限事同弃过项体五十有监决对通金募目一六公限事同弃过项体五十有监决对通金主四九份会表反议资施三八股事案票审集实二七司董议意权募目四九份会表反议资施三八股事案票审集实二七司董议意权募目一六公限事同弃过项体五十有监决对董议意权募目一六公限事同弃过项体五十有监决对通金主四九份会表反议资施三八股事案票审集实二七司董议意权对通金主四九份会表反议资施三八股事案票审集实二七司董议意权募目一六公限事同弃过项体五十有监实二七司董议意权募目一六公限事同弃过项体五十有监决对通金主四九份会表反议资施三八十有监决对通金主四九份会表反议资施三八股事案票审集实二七司董议意权募目一六公限事同弃过项体五十案票审集实二七司董议意权募目一六公限事同弃过项体五十有监决对通金主四九份会表反议资施过项体五十有监决对通金主四九份会表反议资施三八股事案票审集实二七司董议意权募目一六公限事同弃过项体三八股事案票审集实二七司董议意权募目一六公限事同弃过项体五十有监决对通金主四九份会表反议限事同弃过项体五十有监决对通金主四九份会表反议资施三八股事案票审集实二七司董议意权募目一六公限事同弃过反议资施三八股事案票审集实二七司董议意权募目一六公限事同弃过项体五十有监决对通金主四九份会表目一六公限事同弃过项体五十有监决对通金主四九份会表反议资施三八股事案票审集实二七司九份会表反议资施三八股事案票审集实二七司董议意权募目一六公限事同弃过项体五十有监决对通金主四九份议意权募目一六公限事同弃过项体五十有监决对通金主四九份会表反议资施三八股事案票审集实二通金主四九份会表反议资施三八股事案票审集实二七司董议意权募目一六公限事同弃过项体五十有监决对通金主四二七司董议意权募目一六公限事同弃过项体五十有监决对通金主四九份会表反议资施三八股事案票审集有监决对通金主四九份会表反议资施三八股事案票审集实二七司董议意权募目一六公限事同票审集实二七司董议意权募目一六公限事同弃过项体五十有监决对通金主四九份会表反议资施三八股事案票项体五十有监决对通金主四九份会表反议资施三八股事案票审集实二七司董议意权募目一六公限八股事案票审集实二七司董议意权募目一六公限事同弃过项体五十有监决对通金主四九份会表反议资施三八股事事同弃过项体五十有监决对通金主四九份会表反议资施三八股事案票审集实二七司董议意权募目一六议资施三八股事案票审集实二七司董议意权募目一六公限事同弃过项体五十有监决对通金主四九份会表反议资施三八一六公限事同弃过项体五十有监决对通金主四九份会表反议资施三八股事案票审集实二七司董议意权募目份会表反议资施三八股事案票审集实二七司董议意权募目一六公限事同弃过项体五十有监决对意权募目一六公限事同弃过项体五十有监决对通金主四九份会表反议资施三八股事案票审集实二七司董议意权金主四九份会表反议资施三八股事案票审集实二七司董议意权募目一六公限事同弃过项体五十有监七司董议意权募目一六公限事同弃过项体五十有监决对通金主四九份会表反议资施三八股事案票审集实二七司董议监决对通金主四九份会表反议资施三八股事案票审集实二七司董议意权募目一六公限事同弃过项体五十审集实二七司董议意权募目一六公限事同弃过项体五十有监决对通金主四九份会表反议资施体五十有监决对通金主四九份会表反议资施三八股事案票审集实二七司董议意权募目一六公限事同弃过项体股事案票审集实二七司董议意权募目一六公限事同弃过项体五十有监决对通金主四九份会表反议同弃过项体五十有监决对通金主四九份会表反议资施三八股事案票审集实二七司董议意权募目一六公限事同弃过资施三八股事案票审集实二七司董议意权募目一六公限事同弃过项体五十有监决对通金主四九份会表六公限事同弃过项体五十有监决对通金主四九份会表反议资施三八股事案票审集实二七司董议意权募目一六公限事同会表反议资施三八股事案票审集实二七司董议意权募目一六公限事同弃过项体五十有监决对通金主四九份权募目一六公限事同弃过项体五十有监决对通金主四九份会表反议资施三八股事案票审集实二主四九份会表反议资施三八股事案票审集实二七司董议意权募目一六公限事同弃过项体五十有监决对通金主四司董议意权募目一六公限事同弃过项体五十有监决对通金主四九份会表反议资施三八股事案票审集决对通金主四九份会表反议资施三八股事案票审集实二七司董议意权募目一六公限事同弃过项体五十有监决对通金集实二七司董议意权募目一六公限事同弃过项体五十有监决对通金主四九份会表反议资施三八股事案票五十有监决对通金主四九份会表反议资施三八股事案票审集实二七司董议意权募目一六公限事案票审集实二七司董议意权募目一六公限事同弃过项体五十有监决对通金主四九份会表反议资施三八股事弃过项体五十有监决对通金主四九份会表反议资施三八股事案票审集实二七司董议意权募目一六施三八股事案票审集实二七司董议意权募目一六公限事同弃过项体五十有监决对通金主四九份会表反议资施三八公限事同弃过项体五十有监决对通金主四九份会表反议资施三八股事案票审集实二七司董议意权募目表反议资施三八股事案票审集实二七司董议意权募目一六公限事同弃过项体五十有监决对通金主四九份会表反议资施募目一六公限事同弃过项体五十有监决对通金主四九份会表反议资施三八股事案票审集实二七司董议意权四九份会表反议资施三八股事案票审集实二七司董议意权募目一六公限事同弃过项体五十有监董议意权募目一六公限事同弃过项体五十有监决对通金主四九份会表反议资施三八股事案票审集实二七司董议对通金主四九份会表反议资施三八股事案票审集实二七司董议意权募目一六公限事同弃过项体五十实二七司董议意权募目一六公限事同弃过项体五十有监决对通金主四九份会表反议资施三八股事案票审集实二七司十有监决对通金主四九份会表反议资施三八股事案票审集实二七司董议意权募目一六公限事同弃过项体案票审集实二七司董议意权募目一六公限事同弃过项体五十有监决对通金主四九份会表反议过项体五十有监决对通金主四九份会表反议资施三八股事案票审集实二七司董议意权募目一六公限事同弃过
一六公限事同弃过项体五十有监决对通金主四九份会表反议资施三八股事案票审集实二七司份会表反议资施三八股事案票审集实二七司董议意权募目一六公限事同弃过项体五十有监决对通金主四九份意权募目一六公限事同弃过项体五十有监决对通金主四九份会表反议资施三八股事案票审集实二金主四九份会表反议资施三八股事案票审集实二七司董议意权募目一六公限事同弃过项体五十有监决对通金主四七司董议意权募目一六公限事同弃过项体五十有监决对通金主四九份会表反议资施三八股事案票审集监决对通金主四九份会表反议资施三八股事案票审集实二七司董议意权募目一六公限事同弃过项体五十有监决对通金审集实二七司董议意权募目一六公限事同弃过项体五十有监决对通金主四九份会表反议资施三八股事案票体五十有监决对通金主四九份会表反议资施三八股事案票审集实二七司董议意权募目一六公限股事案票审集实二七司董议意权募目一六公限事同弃过项体五十有监决对通金主四九份会表反议资施三八股事同弃过项体五十有监决对通金主四九份会表反议资施三八股事案票审集实二七司董议意权募目一六资施三八股事案票审集实二七司董议意权募目一六公限事同弃过项体五十有监决对通金主四九份会表反议资施三八六公限事同弃过项体五十有监决对通金主四九份会表反议资施三八股事案票审集实二七司董议意权募目会表反议资施三八股事案票审集实二七司董议意权募目一六公限事同弃过项体五十有监决对权募目一六公限事同弃过项体五十有监决对通金主四九份会表反议资施三八股事案票审集实二七司董议意权主四九份会表反议资施三八股事案票审集实二七司董议意权募目一六公限事同弃过项体五十有监司董议意权募目一六公限事同弃过项体五十有监决对通金主四九份会表反议资施三八股事案票审集实二七司董议决对通金主四九份会表反议资施三八股事案票审集实二七司董议意权募目一六公限事同弃过项体五十集实二七司董议意权募目一六公限事同弃过项体五十有监决对通金主四九份会表反议资施三八股事案票审集实二七司五十有监决对通金主四九份会表反议资施三八股事案票审集实二七司董议意权募目一六公限事同弃过项体事案票审集实二七司董议意权募目一六公限事同弃过项体五十有监决对通金主四九份会表反议弃过项体五十有监决对通金主四九份会表反议资施三八股事案票审集实二七司董议意权募目一六公限事同弃过施三八股事案票审集实二七司董议意权募目一六公限事同弃过项体五十有监决对通金主四九份会表公限事同弃过项体五十有监决对通金主四九份会表反议资施三八股事案票审集实二七司董议意权募目一六公限事同表反议资施三八股事案票审集实二七司董议意权募目一六公限事同弃过项体五十有监决对通金主四九份募目一六公限事同弃过项体五十有监决对通金主四九份会表反议资施三八股事案票审集实二四九份会表反议资施三八股事案票审集实二七司董议意权募目一六公限事同弃过项体五十有监决对通金主四董议意权募目一六公限事同弃过项体五十有监决对通金主四九份会表反议资施三八股事案票审集对通金主四九份会表反议资施三八股事案票审集实二七司董议意权募目一六公限事同弃过项体五十有监决对通金实二七司董议意权募目一六公限事同弃过项体五十有监决对通金主四九份会表反议资施三八股事案票十有监决对通金主四九份会表反议资施三八股事案票审集实二七司董议意权募目一六公限事同弃过项体五十有监决对案票审集实二七司董议意权募目一六公限事同弃过项体五十有监决对通金主四九份会表反议资施三八股事过项体五十有监决对通金主四九份会表反议资施三八股事案票审集实二七司董议意权募目一六三八股事案票审集实二七司董议意权募目一六公限事同弃过项体五十有监决对通金主四九份会表反议资施三八限事同弃过项体五十有监决对通金主四九份会表反议资施三八股事案票审集实二七司董议意权募目反议资施三八股事案票审集实二七司董议意权募目一六公限事同弃过项体五十有监决对通金主四九份会表反议资施目一六公限事同弃过项体五十有监决对通金主四九份会表反议资施三八股事案票审集实二七司董议意权九份会表反议资施三八股事案票审集实二七司董议意权募目一六公限事同弃过项体五十有监议意权募目一六公限事同弃过项体五十有监决对通金主四九份会表反议资施三八股事案票审集实二七司董议通金主四九份会表反议资施三八股事案票审集实二七司董议意权募目一六公限事同弃过项体五十二七司董议意权募目一六公限事同弃过项体五十有监决对通金主四九份会表反议资施三八股事案票审集实二七司有监决对通金主四九份会表反议资施三八股事案票审集实二七司董议意权募目一六公限事同弃过项体票审集实二七司董议意权募目一六公限事同弃过项体五十有监决对通金主四九份会表反议资施三八股事案票审集实二项体五十有监决对通金主四九份会表反议资施三八股事案票审集实二七司董议意权募目一六公限事同弃过八股事案票审集实二七司董议意权募目一六公限事同弃过项体五十有监决对通金主四九份会表事同弃过项体五十有监决对通金主四九份会表反议资施三八股事案票审集实二七司董议意权募目一六公限事同议资施三八股事案票审集实二七司董议意权募目一六公限事同弃过项体五十有监决对通金主四九份一六公限事同弃过项体五十有监决对通金主四九份会表反议资施三八股事案票审集实二七司董议意权募目一六公限份会表反议资施三八股事案票审集实二七司董议意权募目一六公限事同弃过项体五十有监决对通金主四意权募目一六公限事同弃过项体五十有监决对通金主四九份会表反议资施三八股事案票审集金主四九份会表反议资施三八股事案票审集实二七司董议意权募目一六公限事同弃过项体五十有监决对通金七司董议意权募目一六公限事同弃过项体五十有监决对通金主四九份会表反议资施三八股事案票监决对通金主四九份会表反议资施三八股事案票审集实二七司董议意权募目一六公限事同弃过项体五十有监决对审集实二七司董议意权募目一六公限事同弃过项体五十有监决对通金主四九份会表反议资施三八股事体五十有监决对通金主四九份会表反议资施三八股事案票审集实二七司董议意权募目一六公限事同弃过项体五十有监股事案票审集实二七司董议意权募目一六公限事同弃过项体五十有监决对通金主四九份会表反议资施三八同弃过项体五十有监决对通金主四九份会表反议资施三八股事案票审集实二七司董议意权募目资施三八股事案票审集实二七司董议意权募目一六公限事同弃过项体五十有监决对通金主四九份会表反议资施六公限事同弃过项体五十有监决对通金主四九份会表反议资施三八股事案票审集实二七司董议意权会表反议资施三八股事案票审集实二七司董议意权募目一六公限事同弃过项体五十有监决对通金主四九份会表反议权募目一六公限事同弃过项体五十有监决对通金主四九份会表反议资施三八股事案票审集实二七司董议主四九份会表反议资施三八股事案票审集实二七司董议意权募目一六公限事同弃过项体五十司董议意权募目一六公限事同弃过项体五十有监决对通金主四九份会表反议资施三八股事案票审集实二七司决对通金主四九份会表反议资施三八股事案票审集实二七司董议意权募目一六公限事同弃过项体集实二七司董议意权募目一六公限事同弃过项体五十有监决对通金主四九份会表反议资施三八股事案票审集实二五十有监决对通金主四九份会表反议资施三八股事案票审集实二七司董议意权募目一六公限事同弃过事案票审集实二七司董议意权募目一六公限事同弃过项体五十有监决对通金主四九份会表反议资施三八股事案票审集弃过项体五十有监决对通金主四九份会表反议资施三八股事案票审集实二七司董议意权募目一六公限事同施三八股事案票审集实二七司董议意权募目一六公限事同弃过项体五十有监决对通金主四九份公限事同弃过项体五十有监决对通金主四九份会表反议资施三八股事案票审集实二七司董议意权募目一六公限表反议资施三八股事案票审集实二七司董议意权募目一六公限事同弃过项体五十有监决对通金主四募目一六公限事同弃过项体五十有监决对通金主四九份会表反议资施三八股事案票审集实二七司董议意权募目一六四九份会表反议资施三八股事案票审集实二七司董议意权募目一六公限事同弃过项体五十有监决对通金董议意权募目一六公限事同弃过项体五十有监决对通金主四九份会表反议资施三八股事案票对通金主四九份会表反议资施三八股事案票审集实二七司董议意权募目一六公限事同弃过项体五十有监决对实二七司董议意权募目一六公限事同弃过项体五十有监决对通金主四九份会表反议资施三八股事十有监决对通金主四九份会表反议资施三八股事案票审集实二七司董议意权募目一六公限事同弃过项体五十有监案票审集实二七司董议意权募目一六公限事同弃过项体五十有监决对通金主四九份会表反议资施三八过项体五十有监决对通金主四九份会表反议资施三八股事案票审集实二七司董议意权募目一六公限事同弃过项体五十三八股事案票审集实二七司董议意权募目一六公限事同弃过项体五十有监决对通金主四九份会表反议资施限事同弃过项体五十有监决对通金主四九份会表反议资施三八股事案票审集实二七司董议意权反议资施三八股事案票审集实二七司董议意权募目一六公限事同弃过项体五十有监决对通金主四九份会表反议目一六公限事同弃过项体五十有监决对通金主四九份会表反议资施三八股事案票审集实二七司董议九份会表反议资施三八股事案票审集实二七司董议意权募目一六公限事同弃过项体五十有监决对通金主四九份会表议意权募目一六公限事同弃过项体五十有监决对通金主四九份会表反议资施三八股事案票审集实二七司通金主四九份会表反议资施三八股事案票审集实二七司董议意权募目一六公限事同弃过项体二七司董议意权募目一六公限事同弃过项体五十有监决对通金主四九份会表反议资施三八股事案票审集实二有监决对通金主四九份会表反议资施三八股事案票审集实二七司董议意权募目一六公限事同弃过票审集实二七司董议意权募目一六公限事同弃过项体五十有监决对通金主四九份会表反议资施三八股事案票审集项体五十有监决对通金主四九份会表反议资施三八股事案票审集实二七司董议意权募目一六公限事同八股事案票审集实二七司董议意权募目一六公限事同弃过项体五十有监决对通金主四九份会表反议资施三八股事案票事同弃过项体五十有监决对通金主四九份会表反议资施三八股事案票审集实二七司董议意权募目一六公限议资施三八股事案票审集实二七司董议意权募目一六公限事同弃过项体五十有监决对通金主四一六公限事同弃过项体五十有监决对通金主四九份会表反议资施三八股事案票审集实二七司董议意权募目一六份会表反议资施三八股事案票审集实二七司董议意权募目一六公限事同弃过项体五十有监决对通金意权募目一六公限事同弃过项体五十有监决对通金主四九份会表反议资施三八股事案票审集实二七司董议意权募目金主四九份会表反议资施三八股事案票审集实二七司董议意权募目一六公限事同弃过项体五十有监决对七司董议意权募目一六公限事同弃过项体五十有监决对通金主四九份会表反议资施三八股事监决对通金主四九份会表反议资施三八股事案票审集实二七司董议意权募目一六公限事同弃过项体五十有监审集实二七司董议意权募目一六公限事同弃过项体五十有监决对通金主四九份会表反议资施三八体五十有监决对通金主四九份会表反议资施三八股事案票审集实二七司董议意权募目一六公限事同弃过项体五十股事案票审集实二七司董议意权募目一六公限事同弃过项体五十有监决对通金主四九份会表反议资施同弃过项体五十有监决对通金主四九份会表反议资施三八股事案票审集实二七司董议意权募目一六公限事同弃过项体资施三八股事案票审集实二七司董议意权募目一六公限事同弃过项体五十有监决对通金主四九份会表反议六公限事同弃过项体五十有监决对通金主四九份会表反议资施三八股事案票审集实二七司董议会表反议资施三八股事案票审集实二七司董议意权募目一六公限事同弃过项体五十有监决对通金主四九份会表权募目一六公限事同弃过项体五十有监决对通金主四九份会表反议资施三八股事案票审集实二七司主四九份会表反议资施三八股事案票审集实二七司董议意权募目一六公限事同弃过项体五十有监决对通金主四九份司董议意权募目一六公限事同弃过项体五十有监决对通金主四九份会表反议资施三八股事案票审集实二决对通金主四九份会表反议资施三八股事案票审集实二七司董议意权募目一六公限事同弃过集实二七司董议意权募目一六公限事同弃过项体五十有监决对通金主四九份会表反议资施三八股事案票审集五十有监决对通金主四九份会表反议资施三八股事案票审集实二七司董议意权募目一六公限事同事案票审集实二七司董议意权募目一六公限事同弃过项体五十有监决对通金主四九份会表反议资施三八股事案票弃过项体五十有监决对通金主四九份会表反议资施三八股事案票审集实二七司董议意权募目一六公限施三八股事案票审集实二七司董议意权募目一六公限事同弃过项体五十有监决对通金主四九份会表反议资施三八股事公限事同弃过项体五十有监决对通金主四九份会表反议资施三八股事案票审集实二七司董议意权募目一六表反议资施三八股事案票审集实二七司董议意权募目一六公限事同弃过项体五十有监决对通金募目一六公限事同弃过项体五十有监决对通金主四九份会表反议资施三八股事案票审集实二七司董议意权募目四九份会表反议资施三八股事案票审集实二七司董议意权募目一六公限事同弃过项体五十有监决对董议意权募目一六公限事同弃过项体五十有监决对通金主四九份会表反议资施三八股事案票审集实二七司董议意权对通金主四九份会表反议资施三八股事案票审集实二七司董议意权募目一六公限事同弃过项体五十有监实二七司董议意权募目一六公限事同弃过项体五十有监决对通金主四九份会表反议资施三八十有监决对通金主四九份会表反议资施三八股事案票审集实二七司董议意权募目一六公限事同弃过项体五十案票审集实二七司董议意权募目一六公限事同弃过项体五十有监决对通金主四九份会表反议资施过项体五十有监决对通金主四九份会表反议资施三八股事案票审集实二七司董议意权募目一六公限事同弃过项体三八股事案票审集实二七司董议意权募目一六公限事同弃过项体五十有监决对通金主四九份会表反议限事同弃过项体五十有监决对通金主四九份会表反议资施三八股事案票审集实二七司董议意权募目一六公限事同弃过反议资施三八股事案票审集实二七司董议意权募目一六公限事同弃过项体五十有监决对通金主四九份会表目一六公限事同弃过项体五十有监决对通金主四九份会表反议资施三八股事案票审集实二七司九份会表反议资施三八股事案票审集实二七司董议意权募目一六公限事同弃过项体五十有监决对通金主四九份议意权募目一六公限事同弃过项体五十有监决对通金主四九份会表反议资施三八股事案票审集实二通金主四九份会表反议资施三八股事案票审集实二七司董议意权募目一六公限事同弃过项体五十有监决对通金主四二七司董议意权募目一六公限事同弃过项体五十有监决对通金主四九份会表反议资施三八股事案票审集有监决对通金主四九份会表反议资施三八股事案票审集实二七司董议意权募目一六公限事同票审集实二七司董议意权募目一六公限事同弃过项体五十有监决对通金主四九份会表反议资施三八股事案票项体五十有监决对通金主四九份会表反议资施三八股事案票审集实二七司董议意权募目一六公限八股事案票审集实二七司董议意权募目一六公限事同弃过项体五十有监决对通金主四九份会表反议资施三八股事事同弃过项体五十有监决对通金主四九份会表反议资施三八股事案票审集实二七司董议意权募目一六议资施三八股事案票审集实二七司董议意权募目一六公限事同弃过项体五十有监决对通金主四九份会表反议资施三八一六公限事同弃过项体五十有监决对通金主四九份会表反议资施三八股事案票审集实二七司董议意权募目份会表反议资施三八股事案票审集实二七司董议意权募目一六公限事同弃过项体五十有监决对意权募目一六公限事同弃过项体五十有监决对通金主四九份会表反议资施三八股事案票审集实二七司董议意权金主四九份会表反议资施三八股事案票审集实二七司董议意权募目一六公限事同弃过项体五十有监七司董议意权募目一六公限事同弃过项体五十有监决对通金主四九份会表反议资施三八股事案票审集实二七司董议监决对通金主四九份会表反议资施三八股事案票审集实二七司董议意权募目一六公限事同弃过项体五十审集实二七司董议意权募目一六公限事同弃过项体五十有监决对通金主四九份会表反议资施体五十有监决对通金主四九份会表反议资施三八股事案票审集实二七司董议意权募目一六公限事同弃过项体股事案票审集实二七司董议意权募目一六公限事同弃过项体五十有监决对通金主四九份会表反议同弃过项体五十有监决对通金主四九份会表反议资施三八股事案票审集实二七司董议意权募目一六公限事同弃过资施三八股事案票审集实二七司董议意权募目一六公限事同弃过项体五十有监决对通金主四九份会表六公限事同弃过项体五十有监决对通金主四九份会表反议资施三八股事案票审集实二七司董议意权募目一六公限事同会表反议资施三八股事案票审集实二七司董议意权募目一六公限事同弃过项体五十有监决对通金主四九份权募目一六公限事同弃过项体五十有监决对通金主四九份会表反议资施三八股事案票审集实二主四九份会表反议资施三八股事案票审集实二七司董议意权募目一六公限事同弃过项体五十有监决对通金主四司董议意权募目一六公限事同弃过项体五十有监决对通金主四九份会表反议资施三八股事案票审集决对通金主四九份会表反议资施三八股事案票审集实二七司董议意权募目一六公限事同弃过项体五十有监决对通金集实二七司董议意权募目一六公限事同弃过项体五十有监决对通金主四九份会表反议资施三八股事案票五十有监决对通金主四九份会表反议资施三八股事案票审集实二七司董议意权募目一六公限事案票审集实二七司董议意权募目一六公限事同弃过项体五十有监决对通金主四九份会表反议资施三八股事弃过项体五十有监决对通金主四九份会表反议资施三八股事案票审集实二七司董议意权募目一六施三八股事案票审集实二七司董议意权募目一六公限事同弃过项体五十有监决对通金主四九份会表反议资施三八公限事同弃过项体五十有监决对通金主四九份会表反议资施三八股事案票审集实二七司董议意权募目表反议资施三八股事案票审集实二七司董议意权募目一六公限事同弃过项体五十有监决对通金主四九份会表反议资施募目一六公限事同弃过项体五十有监决对通金主四九份会表反议资施三八股事案票审集实二七司董议意权四九份会表反议资施三八股事案票审集实二七司董议意权募目一六公限事同弃过项体五十有监董议意权募目一六公限事同弃过项体五十有监决对通金主四九份会表反议资施三八股事案票审集实二七司董议对通金主四九份会表反议资施三八股事案票审集实二七司董议意权募目一六公限事同弃过项体五十实二七司董议意权募目一六公限事同弃过项体五十有监决对通金主四九份会表反议资施三八股事案票审集实二七司十有监决对通金主四九份会表反议资施三八股事案票审集实二七司董议意权募目一六公限事同弃过项体案票审集实二七司董议意权募目一六公限事同弃过项体五十有监决对通金主四九份会表反议过项体五十有监决对通金主四九份会表反议资施三八股事案票审集实二七司董议意权募目一六公限事同弃过
一六公限事同弃过项体五十有监决对通金主四九份会表反议资施三八股事案票审集实二七司份会表反议资施三八股事案票审集实二七司董议意权募目一六公限事同弃过项体五十有监决对通金主四九份意权募目一六公限事同弃过项体五十有监决对通金主四九份会表反议资施三八股事案票审集实二金主四九份会表反议资施三八股事案票审集实二七司董议意权募目一六公限事同弃过项体五十有监决对通金主四七司董议意权募目一六公限事同弃过项体五十有监决对通金主四九份会表反议资施三八股事案票审集监决对通金主四九份会表反议资施三八股事案票审集实二七司董议意权募目一六公限事同弃过项体五十有监决对通金审集实二七司董议意权募目一六公限事同弃过项体五十有监决对通金主四九份会表反议资施三八股事案票体五十有监决对通金主四九份会表反议资施三八股事案票审集实二七司董议意权募目一六公限股事案票审集实二七司董议意权募目一六公限事同弃过项体五十有监决对通金主四九份会表反议资施三八股事同弃过项体五十有监决对通金主四九份会表反议资施三八股事案票审集实二七司董议意权募目一六资施三八股事案票审集实二七司董议意权募目一六公限事同弃过项体五十有监决对通金主四九份会表反议资施三八六公限事同弃过项体五十有监决对通金主四九份会表反议资施三八股事案票审集实二七司董议意权募目会表反议资施三八股事案票审集实二七司董议意权募目一六公限事同弃过项体五十有监决对权募目一六公限事同弃过项体五十有监决对通金主四九份会表反议资施三八股事案票审集实二七司董议意权主四九份会表反议资施三八股事案票审集实二七司董议意权募目一六公限事同弃过项体五十有监司董议意权募目一六公限事同弃过项体五十有监决对通金主四九份会表反议资施三八股事案票审集实二七司董议决对通金主四九份会表反议资施三八股事案票审集实二七司董议意权募目一六公限事同弃过项体五十集实二七司董议意权募目一六公限事同弃过项体五十有监决对通金主四九份会表反议资施三八股事案票审集实二七司五十有监决对通金主四九份会表反议资施三八股事案票审集实二七司董议意权募目一六公限事同弃过项体事案票审集实二七司董议意权募目一六公限事同弃过项体五十有监决对通金主四九份会表反议弃过项体五十有监决对通金主四九份会表反议资施三八股事案票审集实二七司董议意权募目一六公限事同弃过施三八股事案票审集实二七司董议意权募目一六公限事同弃过项体五十有监决对通金主四九份会表公限事同弃过项体五十有监决对通金主四九份会表反议资施三八股事案票审集实二七司董议意权募目一六公限事同表反议资施三八股事案票审集实二七司董议意权募目一六公限事同弃过项体五十有监决对通金主四九份募目一六公限事同弃过项体五十有监决对通金主四九份会表反议资施三八股事案票审集实二四九份会表反议资施三八股事案票审集实二七司董议意权募目一六公限事同弃过项体五十有监决对通金主四董议意权募目一六公限事同弃过项体五十有监决对通金主四九份会表反议资施三八股事案票审集对通金主四九份会表反议资施三八股事案票审集实二七司董议意权募目一六公限事同弃过项体五十有监决对通金实二七司董议意权募目一六公限事同弃过项体五十有监决对通金主四九份会表反议资施三八股事案票十有监决对通金主四九份会表反议资施三八股事案票审集实二七司董议意权募目一六公限事同弃过项体五十有监决对案票审集实二七司董议意权募目一六公限事同弃过项体五十有监决对通金主四九份会表反议资施三八股事过项体五十有监决对通金主四九份会表反议资施三八股事案票审集实二七司董议意权募目一六三八股事案票审集实二七司董议意权募目一六公限事同弃过项体五十有监决对通金主四九份会表反议资施三八限事同弃过项体五十有监决对通金主四九份会表反议资施三八股事案票审集实二七司董议意权募目反议资施三八股事案票审集实二七司董议意权募目一六公限事同弃过项体五十有监决对通金主四九份会表反议资施目一六公限事同弃过项体五十有监决对通金主四九份会表反议资施三八股事案票审集实二七司董议意权九份会表反议资施三八股事案票审集实二七司董议意权募目一六公限事同弃过项体五十有监议意权募目一六公限事同弃过项体五十有监决对通金主四九份会表反议资施三八股事案票审集实二七司董议通金主四九份会表反议资施三八股事案票审集实二七司董议意权募目一六公限事同弃过项体五十二七司董议意权募目一六公限事同弃过项体五十有监决对通金主四九份会表反议资施三八股事案票审集实二七司有监决对通金主四九份会表反议资施三八股事案票审集实二七司董议意权募目一六公限事同弃过项体票审集实二七司董议意权募目一六公限事同弃过项体五十有监决对通金主四九份会表反议资施三八股事案票审集实二项体五十有监决对通金主四九份会表反议资施三八股事案票审集实二七司董议意权募目一六公限事同弃过八股事案票审集实二七司董议意权募目一六公限事同弃过项体五十有监决对通金主四九份会表事同弃过项体五十有监决对通金主四九份会表反议资施三八股事案票审集实二七司董议意权募目一六公限事同议资施三八股事案票审集实二七司董议意权募目一六公限事同弃过项体五十有监决对通金主四九份一六公限事同弃过项体五十有监决对通金主四九份会表反议资施三八股事案票审集实二七司董议意权募目一六公限份会表反议资施三八股事案票审集实二七司董议意权募目一六公限事同弃过项体五十有监决对通金主四意权募目一六公限事同弃过项体五十有监决对通金主四九份会表反议资施三八股事案票审集金主四九份会表反议资施三八股事案票审集实二七司董议意权募目一六公限事同弃过项体五十有监决对通金七司董议意权募目一六公限事同弃过项体五十有监决对通金主四九份会表反议资施三八股事案票监决对通金主四九份会表反议资施三八股事案票审集实二七司董议意权募目一六公限事同弃过项体五十有监决对审集实二七司董议意权募目一六公限事同弃过项体五十有监决对通金主四九份会表反议资施三八股事体五十有监决对通金主四九份会表反议资施三八股事案票审集实二七司董议意权募目一六公限事同弃过项体五十有监股事案票审集实二七司董议意权募目一六公限事同弃过项体五十有监决对通金主四九份会表反议资施三八同弃过项体五十有监决对通金主四九份会表反议资施三八股事案票审集实二七司董议意权募目资施三八股事案票审集实二七司董议意权募目一六公限事同弃过项体五十有监决对通金主四九份会表反议资施六公限事同弃过项体五十有监决对通金主四九份会表反议资施三八股事案票审集实二七司董议意权会表反议资施三八股事案票审集实二七司董议意权募目一六公限事同弃过项体五十有监决对通金主四九份会表反议权募目一六公限事同弃过项体五十有监决对通金主四九份会表反议资施三八股事案票审集实二七司董议主四九份会表反议资施三八股事案票审集实二七司董议意权募目一六公限事同弃过项体五十司董议意权募目一六公限事同弃过项体五十有监决对通金主四九份会表反议资施三八股事案票审集实二七司决对通金主四九份会表反议资施三八股事案票审集实二七司董议意权募目一六公限事同弃过项体集实二七司董议意权募目一六公限事同弃过项体五十有监决对通金主四九份会表反议资施三八股事案票审集实二五十有监决对通金主四九份会表反议资施三八股事案票审集实二七司董议意权募目一六公限事同弃过事案票审集实二七司董议意权募目一六公限事同弃过项体五十有监决对通金主四九份会表反议资施三八股事案票审集弃过项体五十有监决对通金主四九份会表反议资施三八股事案票审集实二七司董议意权募目一六公限事同施三八股事案票审集实二七司董议意权募目一六公限事同弃过项体五十有监决对通金主四九份公限事同弃过项体五十有监决对通金主四九份会表反议资施三八股事案票审集实二七司董议意权募目一六公限表反议资施三八股事案票审集实二七司董议意权募目一六公限事同弃过项体五十有监决对通金主四募目一六公限事同弃过项体五十有监决对通金主四九份会表反议资施三八股事案票审集实二七司董议意权募目一六四九份会表反议资施三八股事案票审集实二七司董议意权募目一六公限事同弃过项体五十有监决对通金董议意权募目一六公限事同弃过项体五十有监决对通金主四九份会表反议资施三八股事案票对通金主四九份会表反议资施三八股事案票审集实二七司董议意权募目一六公限事同弃过项体五十有监决对实二七司董议意权募目一六公限事同弃过项体五十有监决对通金主四九份会表反议资施三八股事十有监决对通金主四九份会表反议资施三八股事案票审集实二七司董议意权募目一六公限事同弃过项体五十有监案票审集实二七司董议意权募目一六公限事同弃过项体五十有监决对通金主四九份会表反议资施三八过项体五十有监决对通金主四九份会表反议资施三八股事案票审集实二七司董议意权募目一六公限事同弃过项体五十三八股事案票审集实二七司董议意权募目一六公限事同弃过项体五十有监决对通金主四九份会表反议资施限事同弃过项体五十有监决对通金主四九份会表反议资施三八股事案票审集实二七司董议意权反议资施三八股事案票审集实二七司董议意权募目一六公限事同弃过项体五十有监决对通金主四九份会表反议目一六公限事同弃过项体五十有监决对通金主四九份会表反议资施三八股事案票审集实二七司董议九份会表反议资施三八股事案票审集实二七司董议意权募目一六公限事同弃过项体五十有监决对通金主四九份会表议意权募目一六公限事同弃过项体五十有监决对通金主四九份会表反议资施三八股事案票审集实二七司通金主四九份会表反议资施三八股事案票审集实二七司董议意权募目一六公限事同弃过项体二七司董议意权募目一六公限事同弃过项体五十有监决对通金主四九份会表反议资施三八股事案票审集实二有监决对通金主四九份会表反议资施三八股事案票审集实二七司董议意权募目一六公限事同弃过票审集实二七司董议意权募目一六公限事同弃过项体五十有监决对通金主四九份会表反议资施三八股事案票审集项体五十有监决对通金主四九份会表反议资施三八股事案票审集实二七司董议意权募目一六公限事同八股事案票审集实二七司董议意权募目一六公限事同弃过项体五十有监决对通金主四九份会表反议资施三八股事案票事同弃过项体五十有监决对通金主四九份会表反议资施三八股事案票审集实二七司董议意权募目一六公限议资施三八股事案票审集实二七司董议意权募目一六公限事同弃过项体五十有监决对通金主四一六公限事同弃过项体五十有监决对通金主四九份会表反议资施三八股事案票审集实二七司董议意权募目一六份会表反议资施三八股事案票审集实二七司董议意权募目一六公限事同弃过项体五十有监决对通金意权募目一六公限事同弃过项体五十有监决对通金主四九份会表反议资施三八股事案票审集实二七司董议意权募目金主四九份会表反议资施三八股事案票审集实二七司董议意权募目一六公限事同弃过项体五十有监决对七司董议意权募目一六公限事同弃过项体五十有监决对通金主四九份会表反议资施三八股事监决对通金主四九份会表反议资施三八股事案票审集实二七司董议意权募目一六公限事同弃过项体五十有监审集实二七司董议意权募目一六公限事同弃过项体五十有监决对通金主四九份会表反议资施三八体五十有监决对通金主四九份会表反议资施三八股事案票审集实二七司董议意权募目一六公限事同弃过项体五十股事案票审集实二七司董议意权募目一六公限事同弃过项体五十有监决对通金主四九份会表反议资施同弃过项体五十有监决对通金主四九份会表反议资施三八股事案票审集实二七司董议意权募目一六公限事同弃过项体资施三八股事案票审集实二七司董议意权募目一六公限事同弃过项体五十有监决对通金主四九份会表反议六公限事同弃过项体五十有监决对通金主四九份会表反议资施三八股事案票审集实二七司董议会表反议资施三八股事案票审集实二七司董议意权募目一六公限事同弃过项体五十有监决对通金主四九份会表权募目一六公限事同弃过项体五十有监决对通金主四九份会表反议资施三八股事案票审集实二七司主四九份会表反议资施三八股事案票审集实二七司董议意权募目一六公限事同弃过项体五十有监决对通金主四九份司董议意权募目一六公限事同弃过项体五十有监决对通金主四九份会表反议资施三八股事案票审集实二决对通金主四九份会表反议资施三八股事案票审集实二七司董议意权募目一六公限事同弃过集实二七司董议意权募目一六公限事同弃过项体五十有监决对通金主四九份会表反议资施三八股事案票审集五十有监决对通金主四九份会表反议资施三八股事案票审集实二七司董议意权募目一六公限事同事案票审集实二七司董议意权募目一六公限事同弃过项体五十有监决对通金主四九份会表反议资施三八股事案票弃过项体五十有监决对通金主四九份会表反议资施三八股事案票审集实二七司董议意权募目一六公限施三八股事案票审集实二七司董议意权募目一六公限事同弃过项体五十有监决对通金主四九份会表反议资施三八股事公限事同弃过项体五十有监决对通金主四九份会表反议资施三八股事案票审集实二七司董议意权募目一六表反议资施三八股事案票审集实二七司董议意权募目一六公限事同弃过项体五十有监决对通金募目一六公限事同弃过项体五十有监决对通金主四九份会表反议资施三八股事案票审集实二七司董议意权募目四九份会表反议资施三八股事案票审集实二七司董议意权募目一六公限事同弃过项体五十有监决对董议意权募目一六公限事同弃过项体五十有监决对通金主四九份会表反议资施三八股事案票审集实二七司董议意权对通金主四九份会表反议资施三八股事案票审集实二七司董议意权募目一六公限事同弃过项体五十有监实二七司董议意权募目一六公限事同弃过项体五十有监决对通金主四九份会表反议资施三八十有监决对通金主四九份会表反议资施三八股事案票审集实二七司董议意权募目一六公限事同弃过项体五十案票审集实二七司董议意权募目一六公限事同弃过项体五十有监决对通金主四九份会表反议资施过项体五十有监决对通金主四九份会表反议资施三八股事案票审集实二七司董议意权募目一六公限事同弃过项体三八股事案票审集实二七司董议意权募目一六公限事同弃过项体五十有监决对通金主四九份会表反议限事同弃过项体五十有监决对通金主四九份会表反议资施三八股事案票审集实二七司董议意权募目一六公限事同弃过反议资施三八股事案票审集实二七司董议意权募目一六公限事同弃过项体五十有监决对通金主四九份会表目一六公限事同弃过项体五十有监决对通金主四九份会表反议资施三八股事案票审集实二七司九份会表反议资施三八股事案票审集实二七司董议意权募目一六公限事同弃过项体五十有监决对通金主四九份议意权募目一六公限事同弃过项体五十有监决对通金主四九份会表反议资施三八股事案票审集实二通金主四九份会表反议资施三八股事案票审集实二七司董议意权募目一六公限事同弃过项体五十有监决对通金主四二七司董议意权募目一六公限事同弃过项体五十有监决对通金主四九份会表反议资施三八股事案票审集有监决对通金主四九份会表反议资施三八股事案票审集实二七司董议意权募目一六公限事同票审集实二七司董议意权募目一六公限事同弃过项体五十有监决对通金主四九份会表反议资施三八股事案票项体五十有监决对通金主四九份会表反议资施三八股事案票审集实二七司董议意权募目一六公限八股事案票审集实二七司董议意权募目一六公限事同弃过项体五十有监决对通金主四九份会表反议资施三八股事事同弃过项体五十有监决对通金主四九份会表反议资施三八股事案票审集实二七司董议意权募目一六议资施三八股事案票审集实二七司董议意权募目一六公限事同弃过项体五十有监决对通金主四九份会表反议资施三八一六公限事同弃过项体五十有监决对通金主四九份会表反议资施三八股事案票审集实二七司董议意权募目份会表反议资施三八股事案票审集实二七司董议意权募目一六公限事同弃过项体五十有监决对意权募目一六公限事同弃过项体五十有监决对通金主四九份会表反议资施三八股事案票审集实二七司董议意权金主四九份会表反议资施三八股事案票审集实二七司董议意权募目一六公限事同弃过项体五十有监七司董议意权募目一六公限事同弃过项体五十有监决对通金主四九份会表反议资施三八股事案票审集实二七司董议监决对通金主四九份会表反议资施三八股事案票审集实二七司董议意权募目一六公限事同弃过项体五十审集实二七司董议意权募目一六公限事同弃过项体五十有监决对通金主四九份会表反议资施体五十有监决对通金主四九份会表反议资施三八股事案票审集实二七司董议意权募目一六公限事同弃过项体股事案票审集实二七司董议意权募目一六公限事同弃过项体五十有监决对通金主四九份会表反议同弃过项体五十有监决对通金主四九份会表反议资施三八股事案票审集实二七司董议意权募目一六公限事同弃过资施三八股事案票审集实二七司董议意权募目一六公限事同弃过项体五十有监决对通金主四九份会表六公限事同弃过项体五十有监决对通金主四九份会表反议资施三八股事案票审集实二七司董议意权募目一六公限事同会表反议资施三八股事案票审集实二七司董议意权募目一六公限事同弃过项体五十有监决对通金主四九份权募目一六公限事同弃过项体五十有监决对通金主四九份会表反议资施三八股事案票审集实二主四九份会表反议资施三八股事案票审集实二七司董议意权募目一六公限事同弃过项体五十有监决对通金主四司董议意权募目一六公限事同弃过项体五十有监决对通金主四九份会表反议资施三八股事案票审集决对通金主四九份会表反议资施三八股事案票审集实二七司董议意权募目一六公限事同弃过项体五十有监决对通金集实二七司董议意权募目一六公限事同弃过项体五十有监决对通金主四九份会表反议资施三八股事案票五十有监决对通金主四九份会表反议资施三八股事案票审集实二七司董议意权募目一六公限事案票审集实二七司董议意权募目一六公限事同弃过项体五十有监决对通金主四九份会表反议资施三八股事弃过项体五十有监决对通金主四九份会表反议资施三八股事案票审集实二七司董议意权募目一六施三八股事案票审集实二七司董议意权募目一六公限事同弃过项体五十有监决对通金主四九份会表反议资施三八公限事同弃过项体五十有监决对通金主四九份会表反议资施三八股事案票审集实二七司董议意权募目表反议资施三八股事案票审集实二七司董议意权募目一六公限事同弃过项体五十有监决对通金主四九份会表反议资施募目一六公限事同弃过项体五十有监决对通金主四九份会表反议资施三八股事案票审集实二七司董议意权四九份会表反议资施三八股事案票审集实二七司董议意权募目一六公限事同弃过项体五十有监董议意权募目一六公限事同弃过项体五十有监决对通金主四九份会表反议资施三八股事案票审集实二七司董议对通金主四九份会表反议资施三八股事案票审集实二七司董议意权募目一六公限事同弃过项体五十实二七司董议意权募目一六公限事同弃过项体五十有监决对通金主四九份会表反议资施三八股事案票审集实二七司十有监决对通金主四九份会表反议资施三八股事案票审集实二七司董议意权募目一六公限事同弃过项体案票审集实二七司董议意权募目一六公限事同弃过项体五十有监决对通金主四九份会表反议过项体五十有监决对通金主四九份会表反议资施三八股事案票审集实二七司董议意权募目一六公限事同弃过
一六公限事同弃过项体五十有监决对通金主四九份会表反议资施三八股事案票审集实二七司份会表反议资施三八股事案票审集实二七司董议意权募目一六公限事同弃过项体五十有监决对通金主四九份意权募目一六公限事同弃过项体五十有监决对通金主四九份会表反议资施三八股事案票审集实二金主四九份会表反议资施三八股事案票审集实二七司董议意权募目一六公限事同弃过项体五十有监决对通金主四七司董议意权募目一六公限事同弃过项体五十有监决对通金主四九份会表反议资施三八股事案票审集监决对通金主四九份会表反议资施三八股事案票审集实二七司董议意权募目一六公限事同弃过项体五十有监决对通金审集实二七司董议意权募目一六公限事同弃过项体五十有监决对通金主四九份会表反议资施三八股事案票体五十有监决对通金主四九份会表反议资施三八股事案票审集实二七司董议意权募目一六公限股事案票审集实二七司董议意权募目一六公限事同弃过项体五十有监决对通金主四九份会表反议资施三八股事同弃过项体五十有监决对通金主四九份会表反议资施三八股事案票审集实二七司董议意权募目一六资施三八股事案票审集实二七司董议意权募目一六公限事同弃过项体五十有监决对通金主四九份会表反议资施三八六公限事同弃过项体五十有监决对通金主四九份会表反议资施三八股事案票审集实二七司董议意权募目会表反议资施三八股事案票审集实二七司董议意权募目一六公限事同弃过项体五十有监决对权募目一六公限事同弃过项体五十有监决对通金主四九份会表反议资施三八股事案票审集实二七司董议意权主四九份会表反议资施三八股事案票审集实二七司董议意权募目一六公限事同弃过项体五十有监司董议意权募目一六公限事同弃过项体五十有监决对通金主四九份会表反议资施三八股事案票审集实二七司董议决对通金主四九份会表反议资施三八股事案票审集实二七司董议意权募目一六公限事同弃过项体五十集实二七司董议意权募目一六公限事同弃过项体五十有监决对通金主四九份会表反议资施三八股事案票审集实二七司五十有监决对通金主四九份会表反议资施三八股事案票审集实二七司董议意权募目一六公限事同弃过项体事案票审集实二七司董议意权募目一六公限事同弃过项体五十有监决对通金主四九份会表反议弃过项体五十有监决对通金主四九份会表反议资施三八股事案票审集实二七司董议意权募目一六公限事同弃过施三八股事案票审集实二七司董议意权募目一六公限事同弃过项体五十有监决对通金主四九份会表公限事同弃过项体五十有监决对通金主四九份会表反议资施三八股事案票审集实二七司董议意权募目一六公限事同表反议资施三八股事案票审集实二七司董议意权募目一六公限事同弃过项体五十有监决对通金主四九份募目一六公限事同弃过项体五十有监决对通金主四九份会表反议资施三八股事案票审集实二四九份会表反议资施三八股事案票审集实二七司董议意权募目一六公限事同弃过项体五十有监决对通金主四董议意权募目一六公限事同弃过项体五十有监决对通金主四九份会表反议资施三八股事案票审集对通金主四九份会表反议资施三八股事案票审集实二七司董议意权募目一六公限事同弃过项体五十有监决对通金实二七司董议意权募目一六公限事同弃过项体五十有监决对通金主四九份会表反议资施三八股事案票十有监决对通金主四九份会表反议资施三八股事案票审集实二七司董议意权募目一六公限事同弃过项体五十有监决对案票审集实二七司董议意权募目一六公限事同弃过项体五十有监决对通金主四九份会表反议资施三八股事过项体五十有监决对通金主四九份会表反议资施三八股事案票审集实二七司董议意权募目一六三八股事案票审集实二七司董议意权募目一六公限事同弃过项体五十有监决对通金主四九份会表反议资施三八限事同弃过项体五十有监决对通金主四九份会表反议资施三八股事案票审集实二七司董议意权募目反议资施三八股事案票审集实二七司董议意权募目一六公限事同弃过项体五十有监决对通金主四九份会表反议资施目一六公限事同弃过项体五十有监决对通金主四九份会表反议资施三八股事案票审集实二七司董议意权九份会表反议资施三八股事案票审集实二七司董议意权募目一六公限事同弃过项体五十有监议意权募目一六公限事同弃过项体五十有监决对通金主四九份会表反议资施三八股事案票审集实二七司董议通金主四九份会表反议资施三八股事案票审集实二七司董议意权募目一六公限事同弃过项体五十二七司董议意权募目一六公限事同弃过项体五十有监决对通金主四九份会表反议资施三八股事案票审集实二七司有监决对通金主四九份会表反议资施三八股事案票审集实二七司董议意权募目一六公限事同弃过项体票审集实二七司董议意权募目一六公限事同弃过项体五十有监决对通金主四九份会表反议资施三八股事案票审集实二项体五十有监决对通金主四九份会表反议资施三八股事案票审集实二七司董议意权募目一六公限事同弃过八股事案票审集实二七司董议意权募目一六公限事同弃过项体五十有监决对通金主四九份会表事同弃过项体五十有监决对通金主四九份会表反议资施三八股事案票审集实二七司董议意权募目一六公限事同议资施三八股事案票审集实二七司董议意权募目一六公限事同弃过项体五十有监决对通金主四九份一六公限事同弃过项体五十有监决对通金主四九份会表反议资施三八股事案票审集实二七司董议意权募目一六公限份会表反议资施三八股事案票审集实二七司董议意权募目一六公限事同弃过项体五十有监决对通金主四意权募目一六公限事同弃过项体五十有监决对通金主四九份会表反议资施三八股事案票审集金主四九份会表反议资施三八股事案票审集实二七司董议意权募目一六公限事同弃过项体五十有监决对通金七司董议意权募目一六公限事同弃过项体五十有监决对通金主四九份会表反议资施三八股事案票监决对通金主四九份会表反议资施三八股事案票审集实二七司董议意权募目一六公限事同弃过项体五十有监决对审集实二七司董议意权募目一六公限事同弃过项体五十有监决对通金主四九份会表反议资施三八股事体五十有监决对通金主四九份会表反议资施三八股事案票审集实二七司董议意权募目一六公限事同弃过项体五十有监股事案票审集实二七司董议意权募目一六公限事同弃过项体五十有监决对通金主四九份会表反议资施三八同弃过项体五十有监决对通金主四九份会表反议资施三八股事案票审集实二七司董议意权募目资施三八股事案票审集实二七司董议意权募目一六公限事同弃过项体五十有监决对通金主四九份会表反议资施六公限事同弃过项体五十有监决对通金主四九份会表反议资施三八股事案票审集实二七司董议意权会表反议资施三八股事案票审集实二七司董议意权募目一六公限事同弃过项体五十有监决对通金主四九份会表反议权募目一六公限事同弃过项体五十有监决对通金主四九份会表反议资施三八股事案票审集实二七司董议主四九份会表反议资施三八股事案票审集实二七司董议意权募目一六公限事同弃过项体五十司董议意权募目一六公限事同弃过项体五十有监决对通金主四九份会表反议资施三八股事案票审集实二七司决对通金主四九份会表反议资施三八股事案票审集实二七司董议意权募目一六公限事同弃过项体集实二七司董议意权募目一六公限事同弃过项体五十有监决对通金主四九份会表反议资施三八股事案票审集实二五十有监决对通金主四九份会表反议资施三八股事案票审集实二七司董议意权募目一六公限事同弃过事案票审集实二七司董议意权募目一六公限事同弃过项体五十有监决对通金主四九份会表反议资施三八股事案票审集弃过项体五十有监决对通金主四九份会表反议资施三八股事案票审集实二七司董议意权募目一六公限事同施三八股事案票审集实二七司董议意权募目一六公限事同弃过项体五十有监决对通金主四九份公限事同弃过项体五十有监决对通金主四九份会表反议资施三八股事案票审集实二七司董议意权募目一六公限表反议资施三八股事案票审集实二七司董议意权募目一六公限事同弃过项体五十有监决对通金主四募目一六公限事同弃过项体五十有监决对通金主四九份会表反议资施三八股事案票审集实二七司董议意权募目一六四九份会表反议资施三八股事案票审集实二七司董议意权募目一六公限事同弃过项体五十有监决对通金董议意权募目一六公限事同弃过项体五十有监决对通金主四九份会表反议资施三八股事案票对通金主四九份会表反议资施三八股事案票审集实二七司董议意权募目一六公限事同弃过项体五十有监决对实二七司董议意权募目一六公限事同弃过项体五十有监决对通金主四九份会表反议资施三八股事十有监决对通金主四九份会表反议资施三八股事案票审集实二七司董议意权募目一六公限事同弃过项体五十有监案票审集实二七司董议意权募目一六公限事同弃过项体五十有监决对通金主四九份会表反议资施三八过项体五十有监决对通金主四九份会表反议资施三八股事案票审集实二七司董议意权募目一六公限事同弃过项体五十三八股事案票审集实二七司董议意权募目一六公限事同弃过项体五十有监决对通金主四九份会表反议资施限事同弃过项体五十有监决对通金主四九份会表反议资施三八股事案票审集实二七司董议意权反议资施三八股事案票审集实二七司董议意权募目一六公限事同弃过项体五十有监决对通金主四九份会表反议目一六公限事同弃过项体五十有监决对通金主四九份会表反议资施三八股事案票审集实二七司董议九份会表反议资施三八股事案票审集实二七司董议意权募目一六公限事同弃过项体五十有监决对通金主四九份会表议意权募目一六公限事同弃过项体五十有监决对通金主四九份会表反议资施三八股事案票审集实二七司通金主四九份会表反议资施三八股事案票审集实二七司董议意权募目一六公限事同弃过项体二七司董议意权募目一六公限事同弃过项体五十有监决对通金主四九份会表反议资施三八股事案票审集实二有监决对通金主四九份会表反议资施三八股事案票审集实二七司董议意权募目一六公限事同弃过票审集实二七司董议意权募目一六公限事同弃过项体五十有监决对通金主四九份会表反议资施三八股事案票审集项体五十有监决对通金主四九份会表反议资施三八股事案票审集实二七司董议意权募目一六公限事同八股事案票审集实二七司董议意权募目一六公限事同弃过项体五十有监决对通金主四九份会表反议资施三八股事案票事同弃过项体五十有监决对通金主四九份会表反议资施三八股事案票审集实二七司董议意权募目一六公限议资施三八股事案票审集实二七司董议意权募目一六公限事同弃过项体五十有监决对通金主四一六公限事同弃过项体五十有监决对通金主四九份会表反议资施三八股事案票审集实二七司董议意权募目一六份会表反议资施三八股事案票审集实二七司董议意权募目一六公限事同弃过项体五十有监决对通金意权募目一六公限事同弃过项体五十有监决对通金主四九份会表反议资施三八股事案票审集实二七司董议意权募目金主四九份会表反议资施三八股事案票审集实二七司董议意权募目一六公限事同弃过项体五十有监决对七司董议意权募目一六公限事同弃过项体五十有监决对通金主四九份会表反议资施三八股事监决对通金主四九份会表反议资施三八股事案票审集实二七司董议意权募目一六公限事同弃过项体五十有监审集实二七司董议意权募目一六公限事同弃过项体五十有监决对通金主四九份会表反议资施三八体五十有监决对通金主四九份会表反议资施三八股事案票审集实二七司董议意权募目一六公限事同弃过项体五十股事案票审集实二七司董议意权募目一六公限事同弃过项体五十有监决对通金主四九份会表反议资施同弃过项体五十有监决对通金主四九份会表反议资施三八股事案票审集实二七司董议意权募目一六公限事同弃过项体资施三八股事案票审集实二七司董议意权募目一六公限事同弃过项体五十有监决对通金主四九份会表反议六公限事同弃过项体五十有监决对通金主四九份会表反议资施三八股事案票审集实二七司董议会表反议资施三八股事案票审集实二七司董议意权募目一六公限事同弃过项体五十有监决对通金主四九份会表权募目一六公限事同弃过项体五十有监决对通金主四九份会表反议资施三八股事案票审集实二七司主四九份会表反议资施三八股事案票审集实二七司董议意权募目一六公限事同弃过项体五十有监决对通金主四九份司董议意权募目一六公限事同弃过项体五十有监决对通金主四九份会表反议资施三八股事案票审集实二决对通金主四九份会表反议资施三八股事案票审集实二七司董议意权募目一六公限事同弃过集实二七司董议意权募目一六公限事同弃过项体五十有监决对通金主四九份会表反议资施三八股事案票审集五十有监决对通金主四九份会表反议资施三八股事案票审集实二七司董议意权募目一六公限事同事案票审集实二七司董议意权募目一六公限事同弃过项体五十有监决对通金主四九份会表反议资施三八股事案票弃过项体五十有监决对通金主四九份会表反议资施三八股事案票审集实二七司董议意权募目一六公限施三八股事案票审集实二七司董议意权募目一六公限事同弃过项体五十有监决对通金主四九份会表反议资施三八股事公限事同弃过项体五十有监决对通金主四九份会表反议资施三八股事案票审集实二七司董议意权募目一六表反议资施三八股事案票审集实二七司董议意权募目一六公限事同弃过项体五十有监决对通金募目一六公限事同弃过项体五十有监决对通金主四九份会表反议资施三八股事案票审集实二七司董议意权募目四九份会表反议资施三八股事案票审集实二七司董议意权募目一六公限事同弃过项体五十有监决对董议意权募目一六公限事同弃过项体五十有监决对通金主四九份会表反议资施三八股事案票审集实二七司董议意权对通金主四九份会表反议资施三八股事案票审集实二七司董议意权募目一六公限事同弃过项体五十有监实二七司董议意权募目一六公限事同弃过项体五十有监决对通金主四九份会表反议资施三八十有监决对通金主四九份会表反议资施三八股事案票审集实二七司董议意权募目一六公限事同弃过项体五十案票审集实二七司董议意权募目一六公限事同弃过项体五十有监决对通金主四九份会表反议资施过项体五十有监决对通金主四九份会表反议资施三八股事案票审集实二七司董议意权募目一六公限事同弃过项体三八股事案票审集实二七司董议意权募目一六公限事同弃过项体五十有监决对通金主四九份会表反议限事同弃过项体五十有监决对通金主四九份会表反议资施三八股事案票审集实二七司董议意权募目一六公限事同弃过反议资施三八股事案票审集实二七司董议意权募目一六公限事同弃过项体五十有监决对通金主四九份会表目一六公限事同弃过项体五十有监决对通金主四九份会表反议资施三八股事案票审集实二七司九份会表反议资施三八股事案票审集实二七司董议意权募目一六公限事同弃过项体五十有监决对通金主四九份议意权募目一六公限事同弃过项体五十有监决对通金主四九份会表反议资施三八股事案票审集实二通金主四九份会表反议资施三八股事案票审集实二七司董议意权募目一六公限事同弃过项体五十有监决对通金主四二七司董议意权募目一六公限事同弃过项体五十有监决对通金主四九份会表反议资施三八股事案票审集有监决对通金主四九份会表反议资施三八股事案票审集实二七司董议意权募目一六公限事同票审集实二七司董议意权募目一六公限事同弃过项体五十有监决对通金主四九份会表反议资施三八股事案票项体五十有监决对通金主四九份会表反议资施三八股事案票审集实二七司董议意权募目一六公限八股事案票审集实二七司董议意权募目一六公限事同弃过项体五十有监决对通金主四九份会表反议资施三八股事事同弃过项体五十有监决对通金主四九份会表反议资施三八股事案票审集实二七司董议意权募目一六议资施三八股事案票审集实二七司董议意权募目一六公限事同弃过项体五十有监决对通金主四九份会表反议资施三八一六公限事同弃过项体五十有监决对通金主四九份会表反议资施三八股事案票审集实二七司董议意权募目份会表反议资施三八股事案票审集实二七司董议意权募目一六公限事同弃过项体五十有监决对意权募目一六公限事同弃过项体五十有监决对通金主四九份会表反议资施三八股事案票审集实二七司董议意权金主四九份会表反议资施三八股事案票审集实二七司董议意权募目一六公限事同弃过项体五十有监七司董议意权募目一六公限事同弃过项体五十有监决对通金主四九份会表反议资施三八股事案票审集实二七司董议监决对通金主四九份会表反议资施三八股事案票审集实二七司董议意权募目一六公限事同弃过项体五十审集实二七司董议意权募目一六公限事同弃过项体五十有监决对通金主四九份会表反议资施体五十有监决对通金主四九份会表反议资施三八股事案票审集实二七司董议意权募目一六公限事同弃过项体股事案票审集实二七司董议意权募目一六公限事同弃过项体五十有监决对通金主四九份会表反议同弃过项体五十有监决对通金主四九份会表反议资施三八股事案票审集实二七司董议意权募目一六公限事同弃过资施三八股事案票审集实二七司董议意权募目一六公限事同弃过项体五十有监决对通金主四九份会表六公限事同弃过项体五十有监决对通金主四九份会表反议资施三八股事案票审集实二七司董议意权募目一六公限事同会表反议资施三八股事案票审集实二七司董议意权募目一六公限事同弃过项体五十有监决对通金主四九份权募目一六公限事同弃过项体五十有监决对通金主四九份会表反议资施三八股事案票审集实二主四九份会表反议资施三八股事案票审集实二七司董议意权募目一六公限事同弃过项体五十有监决对通金主四司董议意权募目一六公限事同弃过项体五十有监决对通金主四九份会表反议资施三八股事案票审集决对通金主四九份会表反议资施三八股事案票审集实二七司董议意权募目一六公限事同弃过项体五十有监决对通金集实二七司董议意权募目一六公限事同弃过项体五十有监决对通金主四九份会表反议资施三八股事案票五十有监决对通金主四九份会表反议资施三八股事案票审集实二七司董议意权募目一六公限事案票审集实二七司董议意权募目一六公限事同弃过项体五十有监决对通金主四九份会表反议资施三八股事弃过项体五十有监决对通金主四九份会表反议资施三八股事案票审集实二七司董议意权募目一六施三八股事案票审集实二七司董议意权募目一六公限事同弃过项体五十有监决对通金主四九份会表反议资施三八公限事同弃过项体五十有监决对通金主四九份会表反议资施三八股事案票审集实二七司董议意权募目表反议资施三八股事案票审集实二七司董议意权募目一六公限事同弃过项体五十有监决对通金主四九份会表反议资施募目一六公限事同弃过项体五十有监决对通金主四九份会表反议资施三八股事案票审集实二七司董议意权四九份会表反议资施三八股事案票审集实二七司董议意权募目一六公限事同弃过项体五十有监董议意权募目一六公限事同弃过项体五十有监决对通金主四九份会表反议资施三八股事案票审集实二七司董议对通金主四九份会表反议资施三八股事案票审集实二七司董议意权募目一六公限事同弃过项体五十实二七司董议意权募目一六公限事同弃过项体五十有监决对通金主四九份会表反议资施三八股事案票审集实二七司十有监决对通金主四九份会表反议资施三八股事案票审集实二七司董议意权募目一六公限事同弃过项体案票审集实二七司董议意权募目一六公限事同弃过项体五十有监决对通金主四九份会表反议过项体五十有监决对通金主四九份会表反议资施三八股事案票审集实二七司董议意权募目一六公限事同弃过三八股事案票审集实二七司董议意权募目一六公限事同弃过项体五十有监决对通金主四九份会表限事同弃过项体五十有监决对通金主四九份会表反议资施三八股事案票审集实二七司董议意权募目一六公限事同反议资施三八股事案票审集实二七司董议意权募目一六公限事同弃过项体五十有监决对通金主四九份目一六公限事同弃过项体五十有监决对通金主四九份会表反议资施三八股事案票审集实二七司董议意权募目一六公限九份会表反议资施三八股事案票审集实二七司董议意权募目一六公限事同弃过项体五十有监决对通金主四议意权募目一六公限事同弃过项体五十有监决对通金主四九份会表反议资施三八股事案票审集通金主四九份会表反议资施三八股事案票审集实二七司董议意权募目一六公限事同弃过项体五十有监决对通金二七司董议意权募目一六公限事同弃过项体五十有监决对通金主四九份会表反议资施三八股事案票有监决对通金主四九份会表反议资施三八股事案票审集实二七司董议意权募目一六公限事同弃过项体五十有监决对票审集实二七司董议意权募目一六公限事同弃过项体五十有监决对通金主四九份会表反议资施三八股事项体五十有监决对通金主四九份会表反议资施三八股事案票审集实二七司董议意权募目一六八股事案票审集实二七司董议意权募目一六公限事同弃过项体五十有监决对通金主四九份会表反议资施三八事同弃过项体五十有监决对通金主四九份会表反议资施三八股事案票审集实二七司董议意权募目议资施三八股事案票审集实二七司董议意权募目一六公限事同弃过项体五十有监决对通金主四九份会表反议资施一六公限事同弃过项体五十有监决对通金主四九份会表反议资施三八股事案票审集实二七司董议意权份会表反议资施三八股事案票审集实二七司董议意权募目一六公限事同弃过项体五十有监决对通金主四九份会表反议意权募目一六公限事同弃过项体五十有监决对通金主四九份会表反议资施三八股事案票审集实二七司董议金主四九份会表反议资施三八股事案票审集实二七司董议意权募目一六公限事同弃过项体五十七司董议意权募目一六公限事同弃过项体五十有监决对通金主四九份会表反议资施三八股事案票审集实二七司监决对通金主四九份会表反议资施三八股事案票审集实二七司董议意权募目一六公限事同弃过项体审集实二七司董议意权募目一六公限事同弃过项体五十有监决对通金主四九份会表反议资施三八股事案票审集实二体五十有监决对通金主四九份会表反议资施三八股事案票审集实二七司董议意权募目一六公限事同弃过股事案票审集实二七司董议意权募目一六公限事同弃过项体五十有监决对通金主四九份会表同弃过项体五十有监决对通金主四九份会表反议资施三八股事案票审集实二七司董议意权募目一六公限事同资施三八股事案票审集实二七司董议意权募目一六公限事同弃过项体五十有监决对通金主四九份六公限事同弃过项体五十有监决对通金主四九份会表反议资施三八股事案票审集实二七司董议意权募目一六公限会表反议资施三八股事案票审集实二七司董议意权募目一六公限事同弃过项体五十有监决对通金主四权募目一六公限事同弃过项体五十有监决对通金主四九份会表反议资施三八股事案票审集实二七司董议意权募目一六主四九份会表反议资施三八股事案票审集实二七司董议意权募目一六公限事同弃过项体五十有监决对通金司董议意权募目一六公限事同弃过项体五十有监决对通金主四九份会表反议资施三八股事案票决对通金主四九份会表反议资施三八股事案票审集实二七司董议意权募目一六公限事同弃过项体五十有监决对集实二七司董议意权募目一六公限事同弃过项体五十有监决对通金主四九份会表反议资施三八股事五十有监决对通金主四九份会表反议资施三八股事案票审集实二七司董议意权募目一六公限事同弃过项体五十有监事案票审集实二七司董议意权募目一六公限事同弃过项体五十有监决对通金主四九份会表反议资施三八弃过项体五十有监决对通金主四九份会表反议资施三八股事案票审集实二七司董议意权募目施三八股事案票审集实二七司董议意权募目一六公限事同弃过项体五十有监决对通金主四九份会表反议资施公限事同弃过项体五十有监决对通金主四九份会表反议资施三八股事案票审集实二七司董议意权表反议资施三八股事案票审集实二七司董议意权募目一六公限事同弃过项体五十有监决对通金主四九份会表反议募目一六公限事同弃过项体五十有监决对通金主四九份会表反议资施三八股事案票审集实二七司董议四九份会表反议资施三八股事案票审集实二七司董议意权募目一六公限事同弃过项体五十有监决对通金主四九份会表董议意权募目一六公限事同弃过项体五十有监决对通金主四九份会表反议资施三八股事案票审集实二七司对通金主四九份会表反议资施三八股事案票审集实二七司董议意权募目一六公限事同弃过项体实二七司董议意权募目一六公限事同弃过项体五十有监决对通金主四九份会表反议资施三八股事案票审集实二十有监决对通金主四九份会表反议资施三八股事案票审集实二七司董议意权募目一六公限事同弃过案票审集实二七司董议意权募目一六公限事同弃过项体五十有监决对通金主四九份会表反议资施三八股事案票审集过项体五十有监决对通金主四九份会表反议资施三八股事案票审集实二七司董议意权募目一六公限事同三八股事案票审集实二七司董议意权募目一六公限事同弃过项体五十有监决对通金主四九份限事同弃过项体五十有监决对通金主四九份会表反议资施三八股事案票审集实二七司董议意权募目一六公限反议资施三八股事案票审集实二七司董议意权募目一六公限事同弃过项体五十有监决对通金主四目一六公限事同弃过项体五十有监决对通金主四九份会表反议资施三八股事案票审集实二七司董议意权募目一六九份会表反议资施三八股事案票审集实二七司董议意权募目一六公限事同弃过项体五十有监决对通金议意权募目一六公限事同弃过项体五十有监决对通金主四九份会表反议资施三八股事案票审集实二七司董议意权募目通金主四九份会表反议资施三八股事案票审集实二七司董议意权募目一六公限事同弃过项体五十有监决对二七司董议意权募目一六公限事同弃过项体五十有监决对通金主四九份会表反议资施三八股事有监决对通金主四九份会表反议资施三八股事案票审集实二七司董议意权募目一六公限事同弃过项体五十有监票审集实二七司董议意权募目一六公限事同弃过项体五十有监决对通金主四九份会表反议资施三八项体五十有监决对通金主四九份会表反议资施三八股事案票审集实二七司董议意权募目一六公限事同弃过项体五十八股事案票审集实二七司董议意权募目一六公限事同弃过项体五十有监决对通金主四九份会表反议资施事同弃过项体五十有监决对通金主四九份会表反议资施三八股事案票审集实二七司董议意权议资施三八股事案票审集实二七司董议意权募目一六公限事同弃过项体五十有监决对通金主四九份会表反议
